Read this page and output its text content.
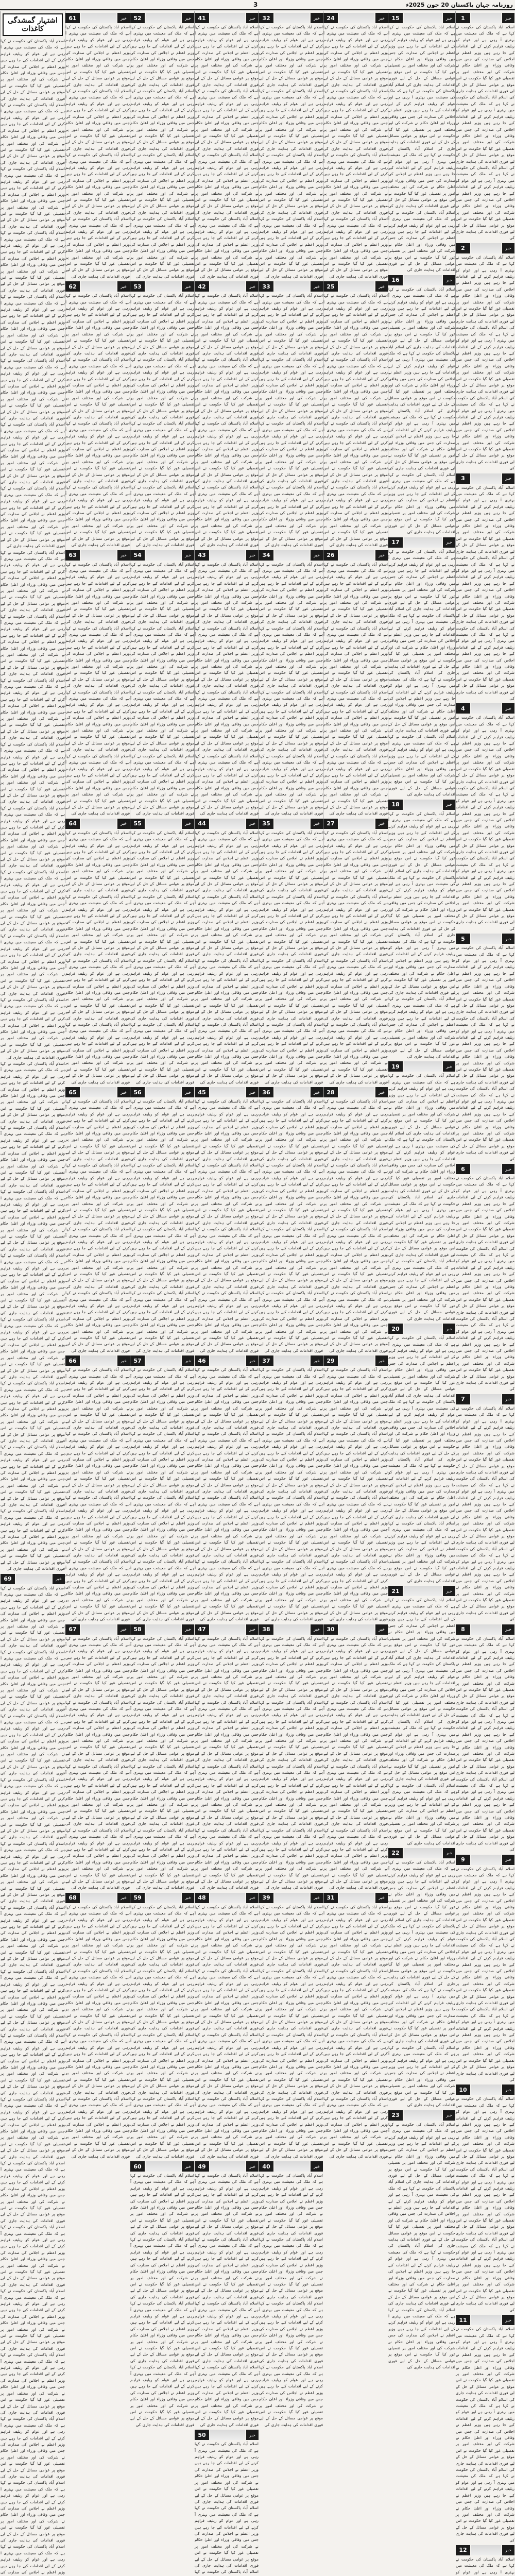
3	روزنامہ جہان پاکستان 20 جون 2025ء
1	خبر

اسلام آباد پاکستان کی حکومت نے کہا ہے کہ ملک کی معیشت میں بہتری آ رہی ہے اور عوام کو ریلیف فراہم کرنے کے لیے اقدامات کیے جا رہے ہیں وزیر اعظم نے اجلاس کی صدارت کی جس میں وفاقی وزراء اور اعلیٰ حکام نے شرکت کی اور مختلف امور پر تفصیلی غور کیا گیا حکومت نے اس موقع پر عوامی مسائل کے حل کے لیے فوری اقدامات کی ہدایت جاری کی اسلام آباد پاکستان کی حکومت نے کہا ہے کہ ملک کی معیشت میں بہتری آ رہی ہے اور عوام کو ریلیف فراہم کرنے کے لیے اقدامات کیے جا رہے ہیں وزیر اعظم نے اجلاس کی صدارت کی جس میں وفاقی وزراء اور اعلیٰ حکام نے شرکت کی اور مختلف امور پر تفصیلی غور کیا گیا حکومت نے اس موقع پر عوامی مسائل کے حل کے لیے فوری اقدامات کی ہدایت جاری کی اسلام آباد پاکستان کی حکومت نے کہا ہے کہ ملک کی معیشت میں بہتری آ رہی ہے اور عوام کو ریلیف فراہم کرنے کے لیے اقدامات کیے جا رہے ہیں وزیر اعظم نے اجلاس کی صدارت کی جس میں وفاقی وزراء اور اعلیٰ حکام نے شرکت کی اور مختلف امور پر تفصیلی غور کیا گیا حکومت نے اس موقع پر عوامی مسائل کے حل کے لیے فوری اقدامات کی ہدایت جاری کی

2	خبر

اسلام آباد پاکستان کی حکومت نے کہا ہے کہ ملک کی معیشت میں بہتری آ رہی ہے اور عوام کو ریلیف فراہم کرنے کے لیے اقدامات کیے جا رہے ہیں وزیر اعظم نے اجلاس کی صدارت کی جس میں وفاقی وزراء اور اعلیٰ حکام نے شرکت کی اور مختلف امور پر تفصیلی غور کیا گیا حکومت نے اس موقع پر عوامی مسائل کے حل کے لیے فوری اقدامات کی ہدایت جاری کی اسلام آباد پاکستان کی حکومت نے کہا ہے کہ ملک کی معیشت میں بہتری آ رہی ہے اور عوام کو ریلیف فراہم کرنے کے لیے اقدامات کیے جا رہے ہیں وزیر اعظم نے اجلاس کی صدارت کی جس میں وفاقی وزراء اور اعلیٰ حکام نے شرکت کی اور مختلف امور پر تفصیلی غور کیا گیا حکومت نے اس موقع پر عوامی مسائل کے حل کے لیے فوری اقدامات کی ہدایت جاری کی اسلام آباد پاکستان کی حکومت نے کہا ہے کہ ملک کی معیشت میں بہتری آ رہی ہے اور عوام کو ریلیف فراہم کرنے کے لیے اقدامات کیے جا رہے ہیں وزیر اعظم نے اجلاس کی صدارت کی جس میں وفاقی وزراء اور اعلیٰ حکام نے شرکت کی اور مختلف امور پر تفصیلی غور کیا گیا حکومت نے اس موقع پر عوامی مسائل کے حل کے لیے فوری اقدامات کی ہدایت جاری کی

3	خبر

اسلام آباد پاکستان کی حکومت نے کہا ہے کہ ملک کی معیشت میں بہتری آ رہی ہے اور عوام کو ریلیف فراہم کرنے کے لیے اقدامات کیے جا رہے ہیں وزیر اعظم نے اجلاس کی صدارت کی جس میں وفاقی وزراء اور اعلیٰ حکام نے شرکت کی اور مختلف امور پر تفصیلی غور کیا گیا حکومت نے اس موقع پر عوامی مسائل کے حل کے لیے فوری اقدامات کی ہدایت جاری کی اسلام آباد پاکستان کی حکومت نے کہا ہے کہ ملک کی معیشت میں بہتری آ رہی ہے اور عوام کو ریلیف فراہم کرنے کے لیے اقدامات کیے جا رہے ہیں وزیر اعظم نے اجلاس کی صدارت کی جس میں وفاقی وزراء اور اعلیٰ حکام نے شرکت کی اور مختلف امور پر تفصیلی غور کیا گیا حکومت نے اس موقع پر عوامی مسائل کے حل کے لیے فوری اقدامات کی ہدایت جاری کی اسلام آباد پاکستان کی حکومت نے کہا ہے کہ ملک کی معیشت میں بہتری آ رہی ہے اور عوام کو ریلیف فراہم کرنے کے لیے اقدامات کیے جا رہے ہیں وزیر اعظم نے اجلاس کی صدارت کی جس میں وفاقی وزراء اور اعلیٰ حکام نے شرکت کی اور مختلف امور پر تفصیلی غور کیا گیا حکومت نے اس موقع پر عوامی مسائل کے حل کے لیے فوری اقدامات کی ہدایت جاری کی

4	خبر

اسلام آباد پاکستان کی حکومت نے کہا ہے کہ ملک کی معیشت میں بہتری آ رہی ہے اور عوام کو ریلیف فراہم کرنے کے لیے اقدامات کیے جا رہے ہیں وزیر اعظم نے اجلاس کی صدارت کی جس میں وفاقی وزراء اور اعلیٰ حکام نے شرکت کی اور مختلف امور پر تفصیلی غور کیا گیا حکومت نے اس موقع پر عوامی مسائل کے حل کے لیے فوری اقدامات کی ہدایت جاری کی اسلام آباد پاکستان کی حکومت نے کہا ہے کہ ملک کی معیشت میں بہتری آ رہی ہے اور عوام کو ریلیف فراہم کرنے کے لیے اقدامات کیے جا رہے ہیں وزیر اعظم نے اجلاس کی صدارت کی جس میں وفاقی وزراء اور اعلیٰ حکام نے شرکت کی اور مختلف امور پر تفصیلی غور کیا گیا حکومت نے اس موقع پر عوامی مسائل کے حل کے لیے فوری اقدامات کی ہدایت جاری کی اسلام آباد پاکستان کی حکومت نے کہا ہے کہ ملک کی معیشت میں بہتری آ رہی ہے اور عوام کو ریلیف فراہم کرنے کے لیے اقدامات کیے جا رہے ہیں وزیر اعظم نے اجلاس کی صدارت کی جس میں وفاقی وزراء اور اعلیٰ حکام نے شرکت کی اور مختلف امور پر تفصیلی غور کیا گیا حکومت نے اس موقع پر عوامی مسائل کے حل کے لیے فوری اقدامات کی ہدایت جاری کی

5	خبر

اسلام آباد پاکستان کی حکومت نے کہا ہے کہ ملک کی معیشت میں بہتری آ رہی ہے اور عوام کو ریلیف فراہم کرنے کے لیے اقدامات کیے جا رہے ہیں وزیر اعظم نے اجلاس کی صدارت کی جس میں وفاقی وزراء اور اعلیٰ حکام نے شرکت کی اور مختلف امور پر تفصیلی غور کیا گیا حکومت نے اس موقع پر عوامی مسائل کے حل کے لیے فوری اقدامات کی ہدایت جاری کی اسلام آباد پاکستان کی حکومت نے کہا ہے کہ ملک کی معیشت میں بہتری آ رہی ہے اور عوام کو ریلیف فراہم کرنے کے لیے اقدامات کیے جا رہے ہیں وزیر اعظم نے اجلاس کی صدارت کی جس میں وفاقی وزراء اور اعلیٰ حکام نے شرکت کی اور مختلف امور پر تفصیلی غور کیا گیا حکومت نے اس موقع پر عوامی مسائل کے حل کے لیے فوری اقدامات کی ہدایت جاری کی اسلام آباد پاکستان کی حکومت نے کہا ہے کہ ملک کی معیشت میں بہتری آ رہی ہے اور عوام کو ریلیف فراہم کرنے کے لیے اقدامات کیے جا رہے ہیں وزیر اعظم نے اجلاس کی صدارت کی جس میں وفاقی وزراء اور اعلیٰ حکام نے شرکت کی اور مختلف امور پر تفصیلی غور کیا گیا حکومت نے اس موقع پر عوامی مسائل کے حل کے لیے فوری اقدامات کی ہدایت جاری کی

6	خبر

اسلام آباد پاکستان کی حکومت نے کہا ہے کہ ملک کی معیشت میں بہتری آ رہی ہے اور عوام کو ریلیف فراہم کرنے کے لیے اقدامات کیے جا رہے ہیں وزیر اعظم نے اجلاس کی صدارت کی جس میں وفاقی وزراء اور اعلیٰ حکام نے شرکت کی اور مختلف امور پر تفصیلی غور کیا گیا حکومت نے اس موقع پر عوامی مسائل کے حل کے لیے فوری اقدامات کی ہدایت جاری کی اسلام آباد پاکستان کی حکومت نے کہا ہے کہ ملک کی معیشت میں بہتری آ رہی ہے اور عوام کو ریلیف فراہم کرنے کے لیے اقدامات کیے جا رہے ہیں وزیر اعظم نے اجلاس کی صدارت کی جس میں وفاقی وزراء اور اعلیٰ حکام نے شرکت کی اور مختلف امور پر تفصیلی غور کیا گیا حکومت نے اس موقع پر عوامی مسائل کے حل کے لیے فوری اقدامات کی ہدایت جاری کی اسلام آباد پاکستان کی حکومت نے کہا ہے کہ ملک کی معیشت میں بہتری آ رہی ہے اور عوام کو ریلیف فراہم کرنے کے لیے اقدامات کیے جا رہے ہیں وزیر اعظم نے اجلاس کی صدارت کی جس میں وفاقی وزراء اور اعلیٰ حکام نے شرکت کی اور مختلف امور پر تفصیلی غور کیا گیا حکومت نے اس موقع پر عوامی مسائل کے حل کے لیے فوری اقدامات کی ہدایت جاری کی

7	خبر

اسلام آباد پاکستان کی حکومت نے کہا ہے کہ ملک کی معیشت میں بہتری آ رہی ہے اور عوام کو ریلیف فراہم کرنے کے لیے اقدامات کیے جا رہے ہیں وزیر اعظم نے اجلاس کی صدارت کی جس میں وفاقی وزراء اور اعلیٰ حکام نے شرکت کی اور مختلف امور پر تفصیلی غور کیا گیا حکومت نے اس موقع پر عوامی مسائل کے حل کے لیے فوری اقدامات کی ہدایت جاری کی اسلام آباد پاکستان کی حکومت نے کہا ہے کہ ملک کی معیشت میں بہتری آ رہی ہے اور عوام کو ریلیف فراہم کرنے کے لیے اقدامات کیے جا رہے ہیں وزیر اعظم نے اجلاس کی صدارت کی جس میں وفاقی وزراء اور اعلیٰ حکام نے شرکت کی اور مختلف امور پر تفصیلی غور کیا گیا حکومت نے اس موقع پر عوامی مسائل کے حل کے لیے فوری اقدامات کی ہدایت جاری کی اسلام آباد پاکستان کی حکومت نے کہا ہے کہ ملک کی معیشت میں بہتری آ رہی ہے اور عوام کو ریلیف فراہم کرنے کے لیے اقدامات کیے جا رہے ہیں وزیر اعظم نے اجلاس کی صدارت کی جس میں وفاقی وزراء اور اعلیٰ حکام نے شرکت کی اور مختلف امور پر تفصیلی غور کیا گیا حکومت نے اس موقع پر عوامی مسائل کے حل کے لیے فوری اقدامات کی ہدایت جاری کی

8	خبر

اسلام آباد پاکستان کی حکومت نے کہا ہے کہ ملک کی معیشت میں بہتری آ رہی ہے اور عوام کو ریلیف فراہم کرنے کے لیے اقدامات کیے جا رہے ہیں وزیر اعظم نے اجلاس کی صدارت کی جس میں وفاقی وزراء اور اعلیٰ حکام نے شرکت کی اور مختلف امور پر تفصیلی غور کیا گیا حکومت نے اس موقع پر عوامی مسائل کے حل کے لیے فوری اقدامات کی ہدایت جاری کی اسلام آباد پاکستان کی حکومت نے کہا ہے کہ ملک کی معیشت میں بہتری آ رہی ہے اور عوام کو ریلیف فراہم کرنے کے لیے اقدامات کیے جا رہے ہیں وزیر اعظم نے اجلاس کی صدارت کی جس میں وفاقی وزراء اور اعلیٰ حکام نے شرکت کی اور مختلف امور پر تفصیلی غور کیا گیا حکومت نے اس موقع پر عوامی مسائل کے حل کے لیے فوری اقدامات کی ہدایت جاری کی اسلام آباد پاکستان کی حکومت نے کہا ہے کہ ملک کی معیشت میں بہتری آ رہی ہے اور عوام کو ریلیف فراہم کرنے کے لیے اقدامات کیے جا رہے ہیں وزیر اعظم نے اجلاس کی صدارت کی جس میں وفاقی وزراء اور اعلیٰ حکام نے شرکت کی اور مختلف امور پر تفصیلی غور کیا گیا حکومت نے اس موقع پر عوامی مسائل کے حل کے لیے فوری اقدامات کی ہدایت جاری کی

9	خبر

اسلام آباد پاکستان کی حکومت نے کہا ہے کہ ملک کی معیشت میں بہتری آ رہی ہے اور عوام کو ریلیف فراہم کرنے کے لیے اقدامات کیے جا رہے ہیں وزیر اعظم نے اجلاس کی صدارت کی جس میں وفاقی وزراء اور اعلیٰ حکام نے شرکت کی اور مختلف امور پر تفصیلی غور کیا گیا حکومت نے اس موقع پر عوامی مسائل کے حل کے لیے فوری اقدامات کی ہدایت جاری کی اسلام آباد پاکستان کی حکومت نے کہا ہے کہ ملک کی معیشت میں بہتری آ رہی ہے اور عوام کو ریلیف فراہم کرنے کے لیے اقدامات کیے جا رہے ہیں وزیر اعظم نے اجلاس کی صدارت کی جس میں وفاقی وزراء اور اعلیٰ حکام نے شرکت کی اور مختلف امور پر تفصیلی غور کیا گیا حکومت نے اس موقع پر عوامی مسائل کے حل کے لیے فوری اقدامات کی ہدایت جاری کی اسلام آباد پاکستان کی حکومت نے کہا ہے کہ ملک کی معیشت میں بہتری آ رہی ہے اور عوام کو ریلیف فراہم کرنے کے لیے اقدامات کیے جا رہے ہیں وزیر اعظم نے اجلاس کی صدارت کی جس میں وفاقی وزراء اور اعلیٰ حکام نے شرکت کی اور مختلف امور پر تفصیلی غور کیا گیا حکومت نے اس موقع پر عوامی مسائل کے حل کے لیے فوری اقدامات کی ہدایت جاری کی

10	خبر

اسلام آباد پاکستان کی حکومت نے کہا ہے کہ ملک کی معیشت میں بہتری آ رہی ہے اور عوام کو ریلیف فراہم کرنے کے لیے اقدامات کیے جا رہے ہیں وزیر اعظم نے اجلاس کی صدارت کی جس میں وفاقی وزراء اور اعلیٰ حکام نے شرکت کی اور مختلف امور پر تفصیلی غور کیا گیا حکومت نے اس موقع پر عوامی مسائل کے حل کے لیے فوری اقدامات کی ہدایت جاری کی اسلام آباد پاکستان کی حکومت نے کہا ہے کہ ملک کی معیشت میں بہتری آ رہی ہے اور عوام کو ریلیف فراہم کرنے کے لیے اقدامات کیے جا رہے ہیں وزیر اعظم نے اجلاس کی صدارت کی جس میں وفاقی وزراء اور اعلیٰ حکام نے شرکت کی اور مختلف امور پر تفصیلی غور کیا گیا حکومت نے اس موقع پر عوامی مسائل کے حل کے لیے فوری اقدامات کی ہدایت جاری کی اسلام آباد پاکستان کی حکومت نے کہا ہے کہ ملک کی معیشت میں بہتری آ رہی ہے اور عوام کو ریلیف فراہم کرنے کے لیے اقدامات کیے جا رہے ہیں وزیر اعظم نے اجلاس کی صدارت کی جس میں وفاقی وزراء اور اعلیٰ حکام نے شرکت کی اور مختلف امور پر تفصیلی غور کیا گیا حکومت نے اس موقع پر عوامی مسائل کے حل کے لیے فوری اقدامات کی ہدایت جاری کی

11	خبر

اسلام آباد پاکستان کی حکومت نے کہا ہے کہ ملک کی معیشت میں بہتری آ رہی ہے اور عوام کو ریلیف فراہم کرنے کے لیے اقدامات کیے جا رہے ہیں وزیر اعظم نے اجلاس کی صدارت کی جس میں وفاقی وزراء اور اعلیٰ حکام نے شرکت کی اور مختلف امور پر تفصیلی غور کیا گیا حکومت نے اس موقع پر عوامی مسائل کے حل کے لیے فوری اقدامات کی ہدایت جاری کی اسلام آباد پاکستان کی حکومت نے کہا ہے کہ ملک کی معیشت میں بہتری آ رہی ہے اور عوام کو ریلیف فراہم کرنے کے لیے اقدامات کیے جا رہے ہیں وزیر اعظم نے اجلاس کی صدارت کی جس میں وفاقی وزراء اور اعلیٰ حکام نے شرکت کی اور مختلف امور پر تفصیلی غور کیا گیا حکومت نے اس موقع پر عوامی مسائل کے حل کے لیے فوری اقدامات کی ہدایت جاری کی اسلام آباد پاکستان کی حکومت نے کہا ہے کہ ملک کی معیشت میں بہتری آ رہی ہے اور عوام کو ریلیف فراہم کرنے کے لیے اقدامات کیے جا رہے ہیں وزیر اعظم نے اجلاس کی صدارت کی جس میں وفاقی وزراء اور اعلیٰ حکام نے شرکت کی اور مختلف امور پر تفصیلی غور کیا گیا حکومت نے اس موقع پر عوامی مسائل کے حل کے لیے فوری اقدامات کی ہدایت جاری کی

12	خبر

اسلام آباد پاکستان کی حکومت نے کہا ہے کہ ملک کی معیشت میں بہتری آ رہی ہے اور عوام کو

15	خبر

اسلام آباد پاکستان کی حکومت نے کہا ہے کہ ملک کی معیشت میں بہتری آ رہی ہے اور عوام کو ریلیف فراہم کرنے کے لیے اقدامات کیے جا رہے ہیں وزیر اعظم نے اجلاس کی صدارت کی جس میں وفاقی وزراء اور اعلیٰ حکام نے شرکت کی اور مختلف امور پر تفصیلی غور کیا گیا حکومت نے اس موقع پر عوامی مسائل کے حل کے لیے فوری اقدامات کی ہدایت جاری کی اسلام آباد پاکستان کی حکومت نے کہا ہے کہ ملک کی معیشت میں بہتری آ رہی ہے اور عوام کو ریلیف فراہم کرنے کے لیے اقدامات کیے جا رہے ہیں وزیر اعظم نے اجلاس کی صدارت کی جس میں وفاقی وزراء اور اعلیٰ حکام نے شرکت کی اور مختلف امور پر تفصیلی غور کیا گیا حکومت نے اس موقع پر عوامی مسائل کے حل کے لیے فوری اقدامات کی ہدایت جاری کی اسلام آباد پاکستان کی حکومت نے کہا ہے کہ ملک کی معیشت میں بہتری آ رہی ہے اور عوام کو ریلیف فراہم کرنے کے لیے اقدامات کیے جا رہے ہیں وزیر اعظم نے اجلاس کی صدارت کی جس میں وفاقی وزراء اور اعلیٰ حکام نے شرکت کی اور مختلف امور پر تفصیلی غور کیا گیا حکومت نے اس موقع پر عوامی مسائل کے حل کے لیے فوری اقدامات کی ہدایت جاری کی اسلام آباد پاکستان کی حکومت نے کہا ہے کہ ملک کی معیشت میں بہتری آ رہی ہے اور عوام کو ریلیف فراہم کرنے کے لیے اقدامات کیے جا رہے ہیں وزیر اعظم نے اجلاس کی صدارت کی جس میں وفاقی وزراء اور اعلیٰ حکام نے شرکت کی اور مختلف امور پر تفصیلی غور کیا گیا حکومت نے اس موقع پر عوامی مسائل کے حل کے لیے فوری اقدامات کی ہدایت جاری کی

16	خبر

اسلام آباد پاکستان کی حکومت نے کہا ہے کہ ملک کی معیشت میں بہتری آ رہی ہے اور عوام کو ریلیف فراہم کرنے کے لیے اقدامات کیے جا رہے ہیں وزیر اعظم نے اجلاس کی صدارت کی جس میں وفاقی وزراء اور اعلیٰ حکام نے شرکت کی اور مختلف امور پر تفصیلی غور کیا گیا حکومت نے اس موقع پر عوامی مسائل کے حل کے لیے فوری اقدامات کی ہدایت جاری کی اسلام آباد پاکستان کی حکومت نے کہا ہے کہ ملک کی معیشت میں بہتری آ رہی ہے اور عوام کو ریلیف فراہم کرنے کے لیے اقدامات کیے جا رہے ہیں وزیر اعظم نے اجلاس کی صدارت کی جس میں وفاقی وزراء اور اعلیٰ حکام نے شرکت کی اور مختلف امور پر تفصیلی غور کیا گیا حکومت نے اس موقع پر عوامی مسائل کے حل کے لیے فوری اقدامات کی ہدایت جاری کی اسلام آباد پاکستان کی حکومت نے کہا ہے کہ ملک کی معیشت میں بہتری آ رہی ہے اور عوام کو ریلیف فراہم کرنے کے لیے اقدامات کیے جا رہے ہیں وزیر اعظم نے اجلاس کی صدارت کی جس میں وفاقی وزراء اور اعلیٰ حکام نے شرکت کی اور مختلف امور پر تفصیلی غور کیا گیا حکومت نے اس موقع پر عوامی مسائل کے حل کے لیے فوری اقدامات کی ہدایت جاری کی اسلام آباد پاکستان کی حکومت نے کہا ہے کہ ملک کی معیشت میں بہتری آ رہی ہے اور عوام کو ریلیف فراہم کرنے کے لیے اقدامات کیے جا رہے ہیں وزیر اعظم نے اجلاس کی صدارت کی جس میں وفاقی وزراء اور اعلیٰ حکام نے شرکت کی اور مختلف امور پر تفصیلی غور کیا گیا حکومت نے اس موقع پر عوامی مسائل کے حل کے لیے فوری اقدامات کی ہدایت جاری کی

17	خبر

اسلام آباد پاکستان کی حکومت نے کہا ہے کہ ملک کی معیشت میں بہتری آ رہی ہے اور عوام کو ریلیف فراہم کرنے کے لیے اقدامات کیے جا رہے ہیں وزیر اعظم نے اجلاس کی صدارت کی جس میں وفاقی وزراء اور اعلیٰ حکام نے شرکت کی اور مختلف امور پر تفصیلی غور کیا گیا حکومت نے اس موقع پر عوامی مسائل کے حل کے لیے فوری اقدامات کی ہدایت جاری کی اسلام آباد پاکستان کی حکومت نے کہا ہے کہ ملک کی معیشت میں بہتری آ رہی ہے اور عوام کو ریلیف فراہم کرنے کے لیے اقدامات کیے جا رہے ہیں وزیر اعظم نے اجلاس کی صدارت کی جس میں وفاقی وزراء اور اعلیٰ حکام نے شرکت کی اور مختلف امور پر تفصیلی غور کیا گیا حکومت نے اس موقع پر عوامی مسائل کے حل کے لیے فوری اقدامات کی ہدایت جاری کی اسلام آباد پاکستان کی حکومت نے کہا ہے کہ ملک کی معیشت میں بہتری آ رہی ہے اور عوام کو ریلیف فراہم کرنے کے لیے اقدامات کیے جا رہے ہیں وزیر اعظم نے اجلاس کی صدارت کی جس میں وفاقی وزراء اور اعلیٰ حکام نے شرکت کی اور مختلف امور پر تفصیلی غور کیا گیا حکومت نے اس موقع پر عوامی مسائل کے حل کے لیے فوری اقدامات کی ہدایت جاری کی اسلام آباد پاکستان کی حکومت نے کہا ہے کہ ملک کی معیشت میں بہتری آ رہی ہے اور عوام کو ریلیف فراہم کرنے کے لیے اقدامات کیے جا رہے ہیں وزیر اعظم نے اجلاس کی صدارت کی جس میں وفاقی وزراء اور اعلیٰ حکام نے شرکت کی اور مختلف امور پر تفصیلی غور کیا گیا حکومت نے اس موقع پر عوامی مسائل کے حل کے لیے فوری اقدامات کی ہدایت جاری کی

18	خبر

اسلام آباد پاکستان کی حکومت نے کہا ہے کہ ملک کی معیشت میں بہتری آ رہی ہے اور عوام کو ریلیف فراہم کرنے کے لیے اقدامات کیے جا رہے ہیں وزیر اعظم نے اجلاس کی صدارت کی جس میں وفاقی وزراء اور اعلیٰ حکام نے شرکت کی اور مختلف امور پر تفصیلی غور کیا گیا حکومت نے اس موقع پر عوامی مسائل کے حل کے لیے فوری اقدامات کی ہدایت جاری کی اسلام آباد پاکستان کی حکومت نے کہا ہے کہ ملک کی معیشت میں بہتری آ رہی ہے اور عوام کو ریلیف فراہم کرنے کے لیے اقدامات کیے جا رہے ہیں وزیر اعظم نے اجلاس کی صدارت کی جس میں وفاقی وزراء اور اعلیٰ حکام نے شرکت کی اور مختلف امور پر تفصیلی غور کیا گیا حکومت نے اس موقع پر عوامی مسائل کے حل کے لیے فوری اقدامات کی ہدایت جاری کی اسلام آباد پاکستان کی حکومت نے کہا ہے کہ ملک کی معیشت میں بہتری آ رہی ہے اور عوام کو ریلیف فراہم کرنے کے لیے اقدامات کیے جا رہے ہیں وزیر اعظم نے اجلاس کی صدارت کی جس میں وفاقی وزراء اور اعلیٰ حکام نے شرکت کی اور مختلف امور پر تفصیلی غور کیا گیا حکومت نے اس موقع پر عوامی مسائل کے حل کے لیے فوری اقدامات کی ہدایت جاری کی اسلام آباد پاکستان کی حکومت نے کہا ہے کہ ملک کی معیشت میں بہتری آ رہی ہے اور عوام کو ریلیف فراہم کرنے کے لیے اقدامات کیے جا رہے ہیں وزیر اعظم نے اجلاس کی صدارت کی جس میں وفاقی وزراء اور اعلیٰ حکام نے شرکت کی اور مختلف امور پر تفصیلی غور کیا گیا حکومت نے اس موقع پر عوامی مسائل کے حل کے لیے فوری اقدامات کی ہدایت جاری کی

19	خبر

اسلام آباد پاکستان کی حکومت نے کہا ہے کہ ملک کی معیشت میں بہتری آ رہی ہے اور عوام کو ریلیف فراہم کرنے کے لیے اقدامات کیے جا رہے ہیں وزیر اعظم نے اجلاس کی صدارت کی جس میں وفاقی وزراء اور اعلیٰ حکام نے شرکت کی اور مختلف امور پر تفصیلی غور کیا گیا حکومت نے اس موقع پر عوامی مسائل کے حل کے لیے فوری اقدامات کی ہدایت جاری کی اسلام آباد پاکستان کی حکومت نے کہا ہے کہ ملک کی معیشت میں بہتری آ رہی ہے اور عوام کو ریلیف فراہم کرنے کے لیے اقدامات کیے جا رہے ہیں وزیر اعظم نے اجلاس کی صدارت کی جس میں وفاقی وزراء اور اعلیٰ حکام نے شرکت کی اور مختلف امور پر تفصیلی غور کیا گیا حکومت نے اس موقع پر عوامی مسائل کے حل کے لیے فوری اقدامات کی ہدایت جاری کی اسلام آباد پاکستان کی حکومت نے کہا ہے کہ ملک کی معیشت میں بہتری آ رہی ہے اور عوام کو ریلیف فراہم کرنے کے لیے اقدامات کیے جا رہے ہیں وزیر اعظم نے اجلاس کی صدارت کی جس میں وفاقی وزراء اور اعلیٰ حکام نے شرکت کی اور مختلف امور پر تفصیلی غور کیا گیا حکومت نے اس موقع پر عوامی مسائل کے حل کے لیے فوری اقدامات کی ہدایت جاری کی اسلام آباد پاکستان کی حکومت نے کہا ہے کہ ملک کی معیشت میں بہتری آ رہی ہے اور عوام کو ریلیف فراہم کرنے کے لیے اقدامات کیے جا رہے ہیں وزیر اعظم نے اجلاس کی صدارت کی جس میں وفاقی وزراء اور اعلیٰ حکام نے شرکت کی اور مختلف امور پر تفصیلی غور کیا گیا حکومت نے اس موقع پر عوامی مسائل کے حل کے لیے فوری اقدامات کی ہدایت جاری کی

20	خبر

اسلام آباد پاکستان کی حکومت نے کہا ہے کہ ملک کی معیشت میں بہتری آ رہی ہے اور عوام کو ریلیف فراہم کرنے کے لیے اقدامات کیے جا رہے ہیں وزیر اعظم نے اجلاس کی صدارت کی جس میں وفاقی وزراء اور اعلیٰ حکام نے شرکت کی اور مختلف امور پر تفصیلی غور کیا گیا حکومت نے اس موقع پر عوامی مسائل کے حل کے لیے فوری اقدامات کی ہدایت جاری کی اسلام آباد پاکستان کی حکومت نے کہا ہے کہ ملک کی معیشت میں بہتری آ رہی ہے اور عوام کو ریلیف فراہم کرنے کے لیے اقدامات کیے جا رہے ہیں وزیر اعظم نے اجلاس کی صدارت کی جس میں وفاقی وزراء اور اعلیٰ حکام نے شرکت کی اور مختلف امور پر تفصیلی غور کیا گیا حکومت نے اس موقع پر عوامی مسائل کے حل کے لیے فوری اقدامات کی ہدایت جاری کی اسلام آباد پاکستان کی حکومت نے کہا ہے کہ ملک کی معیشت میں بہتری آ رہی ہے اور عوام کو ریلیف فراہم کرنے کے لیے اقدامات کیے جا رہے ہیں وزیر اعظم نے اجلاس کی صدارت کی جس میں وفاقی وزراء اور اعلیٰ حکام نے شرکت کی اور مختلف امور پر تفصیلی غور کیا گیا حکومت نے اس موقع پر عوامی مسائل کے حل کے لیے فوری اقدامات کی ہدایت جاری کی اسلام آباد پاکستان کی حکومت نے کہا ہے کہ ملک کی معیشت میں بہتری آ رہی ہے اور عوام کو ریلیف فراہم کرنے کے لیے اقدامات کیے جا رہے ہیں وزیر اعظم نے اجلاس کی صدارت کی جس میں وفاقی وزراء اور اعلیٰ حکام نے شرکت کی اور مختلف امور پر تفصیلی غور کیا گیا حکومت نے اس موقع پر عوامی مسائل کے حل کے لیے فوری اقدامات کی ہدایت جاری کی

21	خبر

اسلام آباد پاکستان کی حکومت نے کہا ہے کہ ملک کی معیشت میں بہتری آ رہی ہے اور عوام کو ریلیف فراہم کرنے کے لیے اقدامات کیے جا رہے ہیں وزیر اعظم نے اجلاس کی صدارت کی جس میں وفاقی وزراء اور اعلیٰ حکام نے شرکت کی اور مختلف امور پر تفصیلی غور کیا گیا حکومت نے اس موقع پر عوامی مسائل کے حل کے لیے فوری اقدامات کی ہدایت جاری کی اسلام آباد پاکستان کی حکومت نے کہا ہے کہ ملک کی معیشت میں بہتری آ رہی ہے اور عوام کو ریلیف فراہم کرنے کے لیے اقدامات کیے جا رہے ہیں وزیر اعظم نے اجلاس کی صدارت کی جس میں وفاقی وزراء اور اعلیٰ حکام نے شرکت کی اور مختلف امور پر تفصیلی غور کیا گیا حکومت نے اس موقع پر عوامی مسائل کے حل کے لیے فوری اقدامات کی ہدایت جاری کی اسلام آباد پاکستان کی حکومت نے کہا ہے کہ ملک کی معیشت میں بہتری آ رہی ہے اور عوام کو ریلیف فراہم کرنے کے لیے اقدامات کیے جا رہے ہیں وزیر اعظم نے اجلاس کی صدارت کی جس میں وفاقی وزراء اور اعلیٰ حکام نے شرکت کی اور مختلف امور پر تفصیلی غور کیا گیا حکومت نے اس موقع پر عوامی مسائل کے حل کے لیے فوری اقدامات کی ہدایت جاری کی اسلام آباد پاکستان کی حکومت نے کہا ہے کہ ملک کی معیشت میں بہتری آ رہی ہے اور عوام کو ریلیف فراہم کرنے کے لیے اقدامات کیے جا رہے ہیں وزیر اعظم نے اجلاس کی صدارت کی جس میں وفاقی وزراء اور اعلیٰ حکام نے شرکت کی اور مختلف امور پر تفصیلی غور کیا گیا حکومت نے اس موقع پر عوامی مسائل کے حل کے لیے فوری اقدامات کی ہدایت جاری کی

22	خبر

اسلام آباد پاکستان کی حکومت نے کہا ہے کہ ملک کی معیشت میں بہتری آ رہی ہے اور عوام کو ریلیف فراہم کرنے کے لیے اقدامات کیے جا رہے ہیں وزیر اعظم نے اجلاس کی صدارت کی جس میں وفاقی وزراء اور اعلیٰ حکام نے شرکت کی اور مختلف امور پر تفصیلی غور کیا گیا حکومت نے اس موقع پر عوامی مسائل کے حل کے لیے فوری اقدامات کی ہدایت جاری کی اسلام آباد پاکستان کی حکومت نے کہا ہے کہ ملک کی معیشت میں بہتری آ رہی ہے اور عوام کو ریلیف فراہم کرنے کے لیے اقدامات کیے جا رہے ہیں وزیر اعظم نے اجلاس کی صدارت کی جس میں وفاقی وزراء اور اعلیٰ حکام نے شرکت کی اور مختلف امور پر تفصیلی غور کیا گیا حکومت نے اس موقع پر عوامی مسائل کے حل کے لیے فوری اقدامات کی ہدایت جاری کی اسلام آباد پاکستان کی حکومت نے کہا ہے کہ ملک کی معیشت میں بہتری آ رہی ہے اور عوام کو ریلیف فراہم کرنے کے لیے اقدامات کیے جا رہے ہیں وزیر اعظم نے اجلاس کی صدارت کی جس میں وفاقی وزراء اور اعلیٰ حکام نے شرکت کی اور مختلف امور پر تفصیلی غور کیا گیا حکومت نے اس موقع پر عوامی مسائل کے حل کے لیے فوری اقدامات کی ہدایت جاری کی اسلام آباد پاکستان کی حکومت نے کہا ہے کہ ملک کی معیشت میں بہتری آ رہی ہے اور عوام کو ریلیف فراہم کرنے کے لیے اقدامات کیے جا رہے ہیں وزیر اعظم نے اجلاس کی صدارت کی جس میں وفاقی وزراء اور اعلیٰ حکام نے شرکت کی اور مختلف امور پر تفصیلی غور کیا گیا حکومت نے اس موقع پر عوامی مسائل کے حل کے لیے فوری اقدامات کی ہدایت جاری کی

23	خبر

اسلام آباد پاکستان کی حکومت نے کہا ہے کہ ملک کی معیشت میں بہتری آ رہی ہے اور عوام کو ریلیف فراہم کرنے کے لیے اقدامات کیے جا رہے ہیں وزیر اعظم نے اجلاس کی صدارت کی جس میں وفاقی وزراء اور اعلیٰ حکام نے شرکت کی اور مختلف امور پر تفصیلی غور کیا گیا حکومت نے اس موقع پر عوامی مسائل کے حل کے لیے فوری اقدامات کی ہدایت جاری کی اسلام آباد پاکستان کی حکومت نے کہا ہے کہ ملک کی معیشت میں بہتری آ رہی ہے اور عوام کو ریلیف فراہم کرنے کے لیے اقدامات کیے جا رہے ہیں وزیر اعظم نے اجلاس کی صدارت کی جس میں وفاقی وزراء اور اعلیٰ حکام نے شرکت کی اور مختلف امور پر تفصیلی غور کیا گیا حکومت نے اس موقع پر عوامی مسائل کے حل کے لیے فوری اقدامات کی ہدایت جاری کی اسلام آباد پاکستان کی حکومت نے کہا ہے کہ ملک کی معیشت میں بہتری آ رہی ہے اور عوام کو ریلیف فراہم کرنے کے لیے اقدامات کیے جا رہے ہیں وزیر اعظم نے اجلاس کی صدارت کی جس میں وفاقی وزراء اور اعلیٰ حکام نے شرکت کی اور مختلف امور پر تفصیلی غور کیا گیا حکومت نے اس موقع پر عوامی مسائل کے حل کے لیے فوری اقدامات کی ہدایت جاری کی اسلام آباد پاکستان کی حکومت نے کہا ہے کہ ملک کی معیشت میں بہتری آ رہی ہے اور عوام کو ریلیف فراہم کرنے کے لیے اقدامات کیے جا رہے ہیں وزیر اعظم نے اجلاس کی صدارت کی جس میں وفاقی وزراء اور اعلیٰ حکام نے شرکت کی اور مختلف امور پر تفصیلی غور کیا گیا حکومت نے اس موقع پر عوامی مسائل کے حل کے لیے فوری اقدامات کی ہدایت جاری کی

24	خبر

اسلام آباد پاکستان کی حکومت نے کہا ہے کہ ملک کی معیشت میں بہتری آ رہی ہے اور عوام کو ریلیف فراہم کرنے کے لیے اقدامات کیے جا رہے ہیں وزیر اعظم نے اجلاس کی صدارت کی جس میں وفاقی وزراء اور اعلیٰ حکام نے شرکت کی اور مختلف امور پر تفصیلی غور کیا گیا حکومت نے اس موقع پر عوامی مسائل کے حل کے لیے فوری اقدامات کی ہدایت جاری کی اسلام آباد پاکستان کی حکومت نے کہا ہے کہ ملک کی معیشت میں بہتری آ رہی ہے اور عوام کو ریلیف فراہم کرنے کے لیے اقدامات کیے جا رہے ہیں وزیر اعظم نے اجلاس کی صدارت کی جس میں وفاقی وزراء اور اعلیٰ حکام نے شرکت کی اور مختلف امور پر تفصیلی غور کیا گیا حکومت نے اس موقع پر عوامی مسائل کے حل کے لیے فوری اقدامات کی ہدایت جاری کی اسلام آباد پاکستان کی حکومت نے کہا ہے کہ ملک کی معیشت میں بہتری آ رہی ہے اور عوام کو ریلیف فراہم کرنے کے لیے اقدامات کیے جا رہے ہیں وزیر اعظم نے اجلاس کی صدارت کی جس میں وفاقی وزراء اور اعلیٰ حکام نے شرکت کی اور مختلف امور پر تفصیلی غور کیا گیا حکومت نے اس موقع پر عوامی مسائل کے حل کے لیے فوری اقدامات کی ہدایت جاری کی اسلام آباد پاکستان کی حکومت نے کہا ہے کہ ملک کی معیشت میں بہتری آ رہی ہے اور عوام کو ریلیف فراہم کرنے کے لیے اقدامات کیے جا رہے ہیں وزیر اعظم نے اجلاس کی صدارت کی جس میں وفاقی وزراء اور اعلیٰ حکام نے شرکت کی اور مختلف امور پر تفصیلی غور کیا گیا حکومت نے اس موقع پر عوامی مسائل کے حل کے لیے فوری اقدامات کی ہدایت جاری کی

25	خبر

اسلام آباد پاکستان کی حکومت نے کہا ہے کہ ملک کی معیشت میں بہتری آ رہی ہے اور عوام کو ریلیف فراہم کرنے کے لیے اقدامات کیے جا رہے ہیں وزیر اعظم نے اجلاس کی صدارت کی جس میں وفاقی وزراء اور اعلیٰ حکام نے شرکت کی اور مختلف امور پر تفصیلی غور کیا گیا حکومت نے اس موقع پر عوامی مسائل کے حل کے لیے فوری اقدامات کی ہدایت جاری کی اسلام آباد پاکستان کی حکومت نے کہا ہے کہ ملک کی معیشت میں بہتری آ رہی ہے اور عوام کو ریلیف فراہم کرنے کے لیے اقدامات کیے جا رہے ہیں وزیر اعظم نے اجلاس کی صدارت کی جس میں وفاقی وزراء اور اعلیٰ حکام نے شرکت کی اور مختلف امور پر تفصیلی غور کیا گیا حکومت نے اس موقع پر عوامی مسائل کے حل کے لیے فوری اقدامات کی ہدایت جاری کی اسلام آباد پاکستان کی حکومت نے کہا ہے کہ ملک کی معیشت میں بہتری آ رہی ہے اور عوام کو ریلیف فراہم کرنے کے لیے اقدامات کیے جا رہے ہیں وزیر اعظم نے اجلاس کی صدارت کی جس میں وفاقی وزراء اور اعلیٰ حکام نے شرکت کی اور مختلف امور پر تفصیلی غور کیا گیا حکومت نے اس موقع پر عوامی مسائل کے حل کے لیے فوری اقدامات کی ہدایت جاری کی اسلام آباد پاکستان کی حکومت نے کہا ہے کہ ملک کی معیشت میں بہتری آ رہی ہے اور عوام کو ریلیف فراہم کرنے کے لیے اقدامات کیے جا رہے ہیں وزیر اعظم نے اجلاس کی صدارت کی جس میں وفاقی وزراء اور اعلیٰ حکام نے شرکت کی اور مختلف امور پر تفصیلی غور کیا گیا حکومت نے اس موقع پر عوامی مسائل کے حل کے لیے فوری اقدامات کی ہدایت جاری کی

26	خبر

اسلام آباد پاکستان کی حکومت نے کہا ہے کہ ملک کی معیشت میں بہتری آ رہی ہے اور عوام کو ریلیف فراہم کرنے کے لیے اقدامات کیے جا رہے ہیں وزیر اعظم نے اجلاس کی صدارت کی جس میں وفاقی وزراء اور اعلیٰ حکام نے شرکت کی اور مختلف امور پر تفصیلی غور کیا گیا حکومت نے اس موقع پر عوامی مسائل کے حل کے لیے فوری اقدامات کی ہدایت جاری کی اسلام آباد پاکستان کی حکومت نے کہا ہے کہ ملک کی معیشت میں بہتری آ رہی ہے اور عوام کو ریلیف فراہم کرنے کے لیے اقدامات کیے جا رہے ہیں وزیر اعظم نے اجلاس کی صدارت کی جس میں وفاقی وزراء اور اعلیٰ حکام نے شرکت کی اور مختلف امور پر تفصیلی غور کیا گیا حکومت نے اس موقع پر عوامی مسائل کے حل کے لیے فوری اقدامات کی ہدایت جاری کی اسلام آباد پاکستان کی حکومت نے کہا ہے کہ ملک کی معیشت میں بہتری آ رہی ہے اور عوام کو ریلیف فراہم کرنے کے لیے اقدامات کیے جا رہے ہیں وزیر اعظم نے اجلاس کی صدارت کی جس میں وفاقی وزراء اور اعلیٰ حکام نے شرکت کی اور مختلف امور پر تفصیلی غور کیا گیا حکومت نے اس موقع پر عوامی مسائل کے حل کے لیے فوری اقدامات کی ہدایت جاری کی اسلام آباد پاکستان کی حکومت نے کہا ہے کہ ملک کی معیشت میں بہتری آ رہی ہے اور عوام کو ریلیف فراہم کرنے کے لیے اقدامات کیے جا رہے ہیں وزیر اعظم نے اجلاس کی صدارت کی جس میں وفاقی وزراء اور اعلیٰ حکام نے شرکت کی اور مختلف امور پر تفصیلی غور کیا گیا حکومت نے اس موقع پر عوامی مسائل کے حل کے لیے فوری اقدامات کی ہدایت جاری کی

27	خبر

اسلام آباد پاکستان کی حکومت نے کہا ہے کہ ملک کی معیشت میں بہتری آ رہی ہے اور عوام کو ریلیف فراہم کرنے کے لیے اقدامات کیے جا رہے ہیں وزیر اعظم نے اجلاس کی صدارت کی جس میں وفاقی وزراء اور اعلیٰ حکام نے شرکت کی اور مختلف امور پر تفصیلی غور کیا گیا حکومت نے اس موقع پر عوامی مسائل کے حل کے لیے فوری اقدامات کی ہدایت جاری کی اسلام آباد پاکستان کی حکومت نے کہا ہے کہ ملک کی معیشت میں بہتری آ رہی ہے اور عوام کو ریلیف فراہم کرنے کے لیے اقدامات کیے جا رہے ہیں وزیر اعظم نے اجلاس کی صدارت کی جس میں وفاقی وزراء اور اعلیٰ حکام نے شرکت کی اور مختلف امور پر تفصیلی غور کیا گیا حکومت نے اس موقع پر عوامی مسائل کے حل کے لیے فوری اقدامات کی ہدایت جاری کی اسلام آباد پاکستان کی حکومت نے کہا ہے کہ ملک کی معیشت میں بہتری آ رہی ہے اور عوام کو ریلیف فراہم کرنے کے لیے اقدامات کیے جا رہے ہیں وزیر اعظم نے اجلاس کی صدارت کی جس میں وفاقی وزراء اور اعلیٰ حکام نے شرکت کی اور مختلف امور پر تفصیلی غور کیا گیا حکومت نے اس موقع پر عوامی مسائل کے حل کے لیے فوری اقدامات کی ہدایت جاری کی اسلام آباد پاکستان کی حکومت نے کہا ہے کہ ملک کی معیشت میں بہتری آ رہی ہے اور عوام کو ریلیف فراہم کرنے کے لیے اقدامات کیے جا رہے ہیں وزیر اعظم نے اجلاس کی صدارت کی جس میں وفاقی وزراء اور اعلیٰ حکام نے شرکت کی اور مختلف امور پر تفصیلی غور کیا گیا حکومت نے اس موقع پر عوامی مسائل کے حل کے لیے فوری اقدامات کی ہدایت جاری کی

28	خبر

اسلام آباد پاکستان کی حکومت نے کہا ہے کہ ملک کی معیشت میں بہتری آ رہی ہے اور عوام کو ریلیف فراہم کرنے کے لیے اقدامات کیے جا رہے ہیں وزیر اعظم نے اجلاس کی صدارت کی جس میں وفاقی وزراء اور اعلیٰ حکام نے شرکت کی اور مختلف امور پر تفصیلی غور کیا گیا حکومت نے اس موقع پر عوامی مسائل کے حل کے لیے فوری اقدامات کی ہدایت جاری کی اسلام آباد پاکستان کی حکومت نے کہا ہے کہ ملک کی معیشت میں بہتری آ رہی ہے اور عوام کو ریلیف فراہم کرنے کے لیے اقدامات کیے جا رہے ہیں وزیر اعظم نے اجلاس کی صدارت کی جس میں وفاقی وزراء اور اعلیٰ حکام نے شرکت کی اور مختلف امور پر تفصیلی غور کیا گیا حکومت نے اس موقع پر عوامی مسائل کے حل کے لیے فوری اقدامات کی ہدایت جاری کی اسلام آباد پاکستان کی حکومت نے کہا ہے کہ ملک کی معیشت میں بہتری آ رہی ہے اور عوام کو ریلیف فراہم کرنے کے لیے اقدامات کیے جا رہے ہیں وزیر اعظم نے اجلاس کی صدارت کی جس میں وفاقی وزراء اور اعلیٰ حکام نے شرکت کی اور مختلف امور پر تفصیلی غور کیا گیا حکومت نے اس موقع پر عوامی مسائل کے حل کے لیے فوری اقدامات کی ہدایت جاری کی اسلام آباد پاکستان کی حکومت نے کہا ہے کہ ملک کی معیشت میں بہتری آ رہی ہے اور عوام کو ریلیف فراہم کرنے کے لیے اقدامات کیے جا رہے ہیں وزیر اعظم نے اجلاس کی صدارت کی جس میں وفاقی وزراء اور اعلیٰ حکام نے شرکت کی اور مختلف امور پر تفصیلی غور کیا گیا حکومت نے اس موقع پر عوامی مسائل کے حل کے لیے فوری اقدامات کی ہدایت جاری کی

29	خبر

اسلام آباد پاکستان کی حکومت نے کہا ہے کہ ملک کی معیشت میں بہتری آ رہی ہے اور عوام کو ریلیف فراہم کرنے کے لیے اقدامات کیے جا رہے ہیں وزیر اعظم نے اجلاس کی صدارت کی جس میں وفاقی وزراء اور اعلیٰ حکام نے شرکت کی اور مختلف امور پر تفصیلی غور کیا گیا حکومت نے اس موقع پر عوامی مسائل کے حل کے لیے فوری اقدامات کی ہدایت جاری کی اسلام آباد پاکستان کی حکومت نے کہا ہے کہ ملک کی معیشت میں بہتری آ رہی ہے اور عوام کو ریلیف فراہم کرنے کے لیے اقدامات کیے جا رہے ہیں وزیر اعظم نے اجلاس کی صدارت کی جس میں وفاقی وزراء اور اعلیٰ حکام نے شرکت کی اور مختلف امور پر تفصیلی غور کیا گیا حکومت نے اس موقع پر عوامی مسائل کے حل کے لیے فوری اقدامات کی ہدایت جاری کی اسلام آباد پاکستان کی حکومت نے کہا ہے کہ ملک کی معیشت میں بہتری آ رہی ہے اور عوام کو ریلیف فراہم کرنے کے لیے اقدامات کیے جا رہے ہیں وزیر اعظم نے اجلاس کی صدارت کی جس میں وفاقی وزراء اور اعلیٰ حکام نے شرکت کی اور مختلف امور پر تفصیلی غور کیا گیا حکومت نے اس موقع پر عوامی مسائل کے حل کے لیے فوری اقدامات کی ہدایت جاری کی اسلام آباد پاکستان کی حکومت نے کہا ہے کہ ملک کی معیشت میں بہتری آ رہی ہے اور عوام کو ریلیف فراہم کرنے کے لیے اقدامات کیے جا رہے ہیں وزیر اعظم نے اجلاس کی صدارت کی جس میں وفاقی وزراء اور اعلیٰ حکام نے شرکت کی اور مختلف امور پر تفصیلی غور کیا گیا حکومت نے اس موقع پر عوامی مسائل کے حل کے لیے فوری اقدامات کی ہدایت جاری کی

30	خبر

اسلام آباد پاکستان کی حکومت نے کہا ہے کہ ملک کی معیشت میں بہتری آ رہی ہے اور عوام کو ریلیف فراہم کرنے کے لیے اقدامات کیے جا رہے ہیں وزیر اعظم نے اجلاس کی صدارت کی جس میں وفاقی وزراء اور اعلیٰ حکام نے شرکت کی اور مختلف امور پر تفصیلی غور کیا گیا حکومت نے اس موقع پر عوامی مسائل کے حل کے لیے فوری اقدامات کی ہدایت جاری کی اسلام آباد پاکستان کی حکومت نے کہا ہے کہ ملک کی معیشت میں بہتری آ رہی ہے اور عوام کو ریلیف فراہم کرنے کے لیے اقدامات کیے جا رہے ہیں وزیر اعظم نے اجلاس کی صدارت کی جس میں وفاقی وزراء اور اعلیٰ حکام نے شرکت کی اور مختلف امور پر تفصیلی غور کیا گیا حکومت نے اس موقع پر عوامی مسائل کے حل کے لیے فوری اقدامات کی ہدایت جاری کی اسلام آباد پاکستان کی حکومت نے کہا ہے کہ ملک کی معیشت میں بہتری آ رہی ہے اور عوام کو ریلیف فراہم کرنے کے لیے اقدامات کیے جا رہے ہیں وزیر اعظم نے اجلاس کی صدارت کی جس میں وفاقی وزراء اور اعلیٰ حکام نے شرکت کی اور مختلف امور پر تفصیلی غور کیا گیا حکومت نے اس موقع پر عوامی مسائل کے حل کے لیے فوری اقدامات کی ہدایت جاری کی اسلام آباد پاکستان کی حکومت نے کہا ہے کہ ملک کی معیشت میں بہتری آ رہی ہے اور عوام کو ریلیف فراہم کرنے کے لیے اقدامات کیے جا رہے ہیں وزیر اعظم نے اجلاس کی صدارت کی جس میں وفاقی وزراء اور اعلیٰ حکام نے شرکت کی اور مختلف امور پر تفصیلی غور کیا گیا حکومت نے اس موقع پر عوامی مسائل کے حل کے لیے فوری اقدامات کی ہدایت جاری کی

31	خبر

اسلام آباد پاکستان کی حکومت نے کہا ہے کہ ملک کی معیشت میں بہتری آ رہی ہے اور عوام کو ریلیف فراہم کرنے کے لیے اقدامات کیے جا رہے ہیں وزیر اعظم نے اجلاس کی صدارت کی جس میں وفاقی وزراء اور اعلیٰ حکام نے شرکت کی اور مختلف امور پر تفصیلی غور کیا گیا حکومت نے اس موقع پر عوامی مسائل کے حل کے لیے فوری اقدامات کی ہدایت جاری کی اسلام آباد پاکستان کی حکومت نے کہا ہے کہ ملک کی معیشت میں بہتری آ رہی ہے اور عوام کو ریلیف فراہم کرنے کے لیے اقدامات کیے جا رہے ہیں وزیر اعظم نے اجلاس کی صدارت کی جس میں وفاقی وزراء اور اعلیٰ حکام نے شرکت کی اور مختلف امور پر تفصیلی غور کیا گیا حکومت نے اس موقع پر عوامی مسائل کے حل کے لیے فوری اقدامات کی ہدایت جاری کی اسلام آباد پاکستان کی حکومت نے کہا ہے کہ ملک کی معیشت میں بہتری آ رہی ہے اور عوام کو ریلیف فراہم کرنے کے لیے اقدامات کیے جا رہے ہیں وزیر اعظم نے اجلاس کی صدارت کی جس میں وفاقی وزراء اور اعلیٰ حکام نے شرکت کی اور مختلف امور پر تفصیلی غور کیا گیا حکومت نے اس موقع پر عوامی مسائل کے حل کے لیے فوری اقدامات کی ہدایت جاری کی اسلام آباد پاکستان کی حکومت نے کہا ہے کہ ملک کی معیشت میں بہتری آ رہی ہے اور عوام کو ریلیف فراہم کرنے کے لیے اقدامات کیے جا رہے ہیں وزیر اعظم نے اجلاس کی صدارت کی جس میں وفاقی وزراء اور اعلیٰ حکام نے شرکت کی اور مختلف امور پر تفصیلی غور کیا گیا حکومت نے اس موقع پر عوامی مسائل کے حل کے لیے فوری اقدامات کی ہدایت جاری کی

32	خبر

اسلام آباد پاکستان کی حکومت نے کہا ہے کہ ملک کی معیشت میں بہتری آ رہی ہے اور عوام کو ریلیف فراہم کرنے کے لیے اقدامات کیے جا رہے ہیں وزیر اعظم نے اجلاس کی صدارت کی جس میں وفاقی وزراء اور اعلیٰ حکام نے شرکت کی اور مختلف امور پر تفصیلی غور کیا گیا حکومت نے اس موقع پر عوامی مسائل کے حل کے لیے فوری اقدامات کی ہدایت جاری کی اسلام آباد پاکستان کی حکومت نے کہا ہے کہ ملک کی معیشت میں بہتری آ رہی ہے اور عوام کو ریلیف فراہم کرنے کے لیے اقدامات کیے جا رہے ہیں وزیر اعظم نے اجلاس کی صدارت کی جس میں وفاقی وزراء اور اعلیٰ حکام نے شرکت کی اور مختلف امور پر تفصیلی غور کیا گیا حکومت نے اس موقع پر عوامی مسائل کے حل کے لیے فوری اقدامات کی ہدایت جاری کی اسلام آباد پاکستان کی حکومت نے کہا ہے کہ ملک کی معیشت میں بہتری آ رہی ہے اور عوام کو ریلیف فراہم کرنے کے لیے اقدامات کیے جا رہے ہیں وزیر اعظم نے اجلاس کی صدارت کی جس میں وفاقی وزراء اور اعلیٰ حکام نے شرکت کی اور مختلف امور پر تفصیلی غور کیا گیا حکومت نے اس موقع پر عوامی مسائل کے حل کے لیے فوری اقدامات کی ہدایت جاری کی اسلام آباد پاکستان کی حکومت نے کہا ہے کہ ملک کی معیشت میں بہتری آ رہی ہے اور عوام کو ریلیف فراہم کرنے کے لیے اقدامات کیے جا رہے ہیں وزیر اعظم نے اجلاس کی صدارت کی جس میں وفاقی وزراء اور اعلیٰ حکام نے شرکت کی اور مختلف امور پر تفصیلی غور کیا گیا حکومت نے اس موقع پر عوامی مسائل کے حل کے لیے فوری اقدامات کی ہدایت جاری کی

33	خبر

اسلام آباد پاکستان کی حکومت نے کہا ہے کہ ملک کی معیشت میں بہتری آ رہی ہے اور عوام کو ریلیف فراہم کرنے کے لیے اقدامات کیے جا رہے ہیں وزیر اعظم نے اجلاس کی صدارت کی جس میں وفاقی وزراء اور اعلیٰ حکام نے شرکت کی اور مختلف امور پر تفصیلی غور کیا گیا حکومت نے اس موقع پر عوامی مسائل کے حل کے لیے فوری اقدامات کی ہدایت جاری کی اسلام آباد پاکستان کی حکومت نے کہا ہے کہ ملک کی معیشت میں بہتری آ رہی ہے اور عوام کو ریلیف فراہم کرنے کے لیے اقدامات کیے جا رہے ہیں وزیر اعظم نے اجلاس کی صدارت کی جس میں وفاقی وزراء اور اعلیٰ حکام نے شرکت کی اور مختلف امور پر تفصیلی غور کیا گیا حکومت نے اس موقع پر عوامی مسائل کے حل کے لیے فوری اقدامات کی ہدایت جاری کی اسلام آباد پاکستان کی حکومت نے کہا ہے کہ ملک کی معیشت میں بہتری آ رہی ہے اور عوام کو ریلیف فراہم کرنے کے لیے اقدامات کیے جا رہے ہیں وزیر اعظم نے اجلاس کی صدارت کی جس میں وفاقی وزراء اور اعلیٰ حکام نے شرکت کی اور مختلف امور پر تفصیلی غور کیا گیا حکومت نے اس موقع پر عوامی مسائل کے حل کے لیے فوری اقدامات کی ہدایت جاری کی اسلام آباد پاکستان کی حکومت نے کہا ہے کہ ملک کی معیشت میں بہتری آ رہی ہے اور عوام کو ریلیف فراہم کرنے کے لیے اقدامات کیے جا رہے ہیں وزیر اعظم نے اجلاس کی صدارت کی جس میں وفاقی وزراء اور اعلیٰ حکام نے شرکت کی اور مختلف امور پر تفصیلی غور کیا گیا حکومت نے اس موقع پر عوامی مسائل کے حل کے لیے فوری اقدامات کی ہدایت جاری کی

34	خبر

اسلام آباد پاکستان کی حکومت نے کہا ہے کہ ملک کی معیشت میں بہتری آ رہی ہے اور عوام کو ریلیف فراہم کرنے کے لیے اقدامات کیے جا رہے ہیں وزیر اعظم نے اجلاس کی صدارت کی جس میں وفاقی وزراء اور اعلیٰ حکام نے شرکت کی اور مختلف امور پر تفصیلی غور کیا گیا حکومت نے اس موقع پر عوامی مسائل کے حل کے لیے فوری اقدامات کی ہدایت جاری کی اسلام آباد پاکستان کی حکومت نے کہا ہے کہ ملک کی معیشت میں بہتری آ رہی ہے اور عوام کو ریلیف فراہم کرنے کے لیے اقدامات کیے جا رہے ہیں وزیر اعظم نے اجلاس کی صدارت کی جس میں وفاقی وزراء اور اعلیٰ حکام نے شرکت کی اور مختلف امور پر تفصیلی غور کیا گیا حکومت نے اس موقع پر عوامی مسائل کے حل کے لیے فوری اقدامات کی ہدایت جاری کی اسلام آباد پاکستان کی حکومت نے کہا ہے کہ ملک کی معیشت میں بہتری آ رہی ہے اور عوام کو ریلیف فراہم کرنے کے لیے اقدامات کیے جا رہے ہیں وزیر اعظم نے اجلاس کی صدارت کی جس میں وفاقی وزراء اور اعلیٰ حکام نے شرکت کی اور مختلف امور پر تفصیلی غور کیا گیا حکومت نے اس موقع پر عوامی مسائل کے حل کے لیے فوری اقدامات کی ہدایت جاری کی اسلام آباد پاکستان کی حکومت نے کہا ہے کہ ملک کی معیشت میں بہتری آ رہی ہے اور عوام کو ریلیف فراہم کرنے کے لیے اقدامات کیے جا رہے ہیں وزیر اعظم نے اجلاس کی صدارت کی جس میں وفاقی وزراء اور اعلیٰ حکام نے شرکت کی اور مختلف امور پر تفصیلی غور کیا گیا حکومت نے اس موقع پر عوامی مسائل کے حل کے لیے فوری اقدامات کی ہدایت جاری کی

35	خبر

اسلام آباد پاکستان کی حکومت نے کہا ہے کہ ملک کی معیشت میں بہتری آ رہی ہے اور عوام کو ریلیف فراہم کرنے کے لیے اقدامات کیے جا رہے ہیں وزیر اعظم نے اجلاس کی صدارت کی جس میں وفاقی وزراء اور اعلیٰ حکام نے شرکت کی اور مختلف امور پر تفصیلی غور کیا گیا حکومت نے اس موقع پر عوامی مسائل کے حل کے لیے فوری اقدامات کی ہدایت جاری کی اسلام آباد پاکستان کی حکومت نے کہا ہے کہ ملک کی معیشت میں بہتری آ رہی ہے اور عوام کو ریلیف فراہم کرنے کے لیے اقدامات کیے جا رہے ہیں وزیر اعظم نے اجلاس کی صدارت کی جس میں وفاقی وزراء اور اعلیٰ حکام نے شرکت کی اور مختلف امور پر تفصیلی غور کیا گیا حکومت نے اس موقع پر عوامی مسائل کے حل کے لیے فوری اقدامات کی ہدایت جاری کی اسلام آباد پاکستان کی حکومت نے کہا ہے کہ ملک کی معیشت میں بہتری آ رہی ہے اور عوام کو ریلیف فراہم کرنے کے لیے اقدامات کیے جا رہے ہیں وزیر اعظم نے اجلاس کی صدارت کی جس میں وفاقی وزراء اور اعلیٰ حکام نے شرکت کی اور مختلف امور پر تفصیلی غور کیا گیا حکومت نے اس موقع پر عوامی مسائل کے حل کے لیے فوری اقدامات کی ہدایت جاری کی اسلام آباد پاکستان کی حکومت نے کہا ہے کہ ملک کی معیشت میں بہتری آ رہی ہے اور عوام کو ریلیف فراہم کرنے کے لیے اقدامات کیے جا رہے ہیں وزیر اعظم نے اجلاس کی صدارت کی جس میں وفاقی وزراء اور اعلیٰ حکام نے شرکت کی اور مختلف امور پر تفصیلی غور کیا گیا حکومت نے اس موقع پر عوامی مسائل کے حل کے لیے فوری اقدامات کی ہدایت جاری کی

36	خبر

اسلام آباد پاکستان کی حکومت نے کہا ہے کہ ملک کی معیشت میں بہتری آ رہی ہے اور عوام کو ریلیف فراہم کرنے کے لیے اقدامات کیے جا رہے ہیں وزیر اعظم نے اجلاس کی صدارت کی جس میں وفاقی وزراء اور اعلیٰ حکام نے شرکت کی اور مختلف امور پر تفصیلی غور کیا گیا حکومت نے اس موقع پر عوامی مسائل کے حل کے لیے فوری اقدامات کی ہدایت جاری کی اسلام آباد پاکستان کی حکومت نے کہا ہے کہ ملک کی معیشت میں بہتری آ رہی ہے اور عوام کو ریلیف فراہم کرنے کے لیے اقدامات کیے جا رہے ہیں وزیر اعظم نے اجلاس کی صدارت کی جس میں وفاقی وزراء اور اعلیٰ حکام نے شرکت کی اور مختلف امور پر تفصیلی غور کیا گیا حکومت نے اس موقع پر عوامی مسائل کے حل کے لیے فوری اقدامات کی ہدایت جاری کی اسلام آباد پاکستان کی حکومت نے کہا ہے کہ ملک کی معیشت میں بہتری آ رہی ہے اور عوام کو ریلیف فراہم کرنے کے لیے اقدامات کیے جا رہے ہیں وزیر اعظم نے اجلاس کی صدارت کی جس میں وفاقی وزراء اور اعلیٰ حکام نے شرکت کی اور مختلف امور پر تفصیلی غور کیا گیا حکومت نے اس موقع پر عوامی مسائل کے حل کے لیے فوری اقدامات کی ہدایت جاری کی اسلام آباد پاکستان کی حکومت نے کہا ہے کہ ملک کی معیشت میں بہتری آ رہی ہے اور عوام کو ریلیف فراہم کرنے کے لیے اقدامات کیے جا رہے ہیں وزیر اعظم نے اجلاس کی صدارت کی جس میں وفاقی وزراء اور اعلیٰ حکام نے شرکت کی اور مختلف امور پر تفصیلی غور کیا گیا حکومت نے اس موقع پر عوامی مسائل کے حل کے لیے فوری اقدامات کی ہدایت جاری کی

37	خبر

اسلام آباد پاکستان کی حکومت نے کہا ہے کہ ملک کی معیشت میں بہتری آ رہی ہے اور عوام کو ریلیف فراہم کرنے کے لیے اقدامات کیے جا رہے ہیں وزیر اعظم نے اجلاس کی صدارت کی جس میں وفاقی وزراء اور اعلیٰ حکام نے شرکت کی اور مختلف امور پر تفصیلی غور کیا گیا حکومت نے اس موقع پر عوامی مسائل کے حل کے لیے فوری اقدامات کی ہدایت جاری کی اسلام آباد پاکستان کی حکومت نے کہا ہے کہ ملک کی معیشت میں بہتری آ رہی ہے اور عوام کو ریلیف فراہم کرنے کے لیے اقدامات کیے جا رہے ہیں وزیر اعظم نے اجلاس کی صدارت کی جس میں وفاقی وزراء اور اعلیٰ حکام نے شرکت کی اور مختلف امور پر تفصیلی غور کیا گیا حکومت نے اس موقع پر عوامی مسائل کے حل کے لیے فوری اقدامات کی ہدایت جاری کی اسلام آباد پاکستان کی حکومت نے کہا ہے کہ ملک کی معیشت میں بہتری آ رہی ہے اور عوام کو ریلیف فراہم کرنے کے لیے اقدامات کیے جا رہے ہیں وزیر اعظم نے اجلاس کی صدارت کی جس میں وفاقی وزراء اور اعلیٰ حکام نے شرکت کی اور مختلف امور پر تفصیلی غور کیا گیا حکومت نے اس موقع پر عوامی مسائل کے حل کے لیے فوری اقدامات کی ہدایت جاری کی اسلام آباد پاکستان کی حکومت نے کہا ہے کہ ملک کی معیشت میں بہتری آ رہی ہے اور عوام کو ریلیف فراہم کرنے کے لیے اقدامات کیے جا رہے ہیں وزیر اعظم نے اجلاس کی صدارت کی جس میں وفاقی وزراء اور اعلیٰ حکام نے شرکت کی اور مختلف امور پر تفصیلی غور کیا گیا حکومت نے اس موقع پر عوامی مسائل کے حل کے لیے فوری اقدامات کی ہدایت جاری کی

38	خبر

اسلام آباد پاکستان کی حکومت نے کہا ہے کہ ملک کی معیشت میں بہتری آ رہی ہے اور عوام کو ریلیف فراہم کرنے کے لیے اقدامات کیے جا رہے ہیں وزیر اعظم نے اجلاس کی صدارت کی جس میں وفاقی وزراء اور اعلیٰ حکام نے شرکت کی اور مختلف امور پر تفصیلی غور کیا گیا حکومت نے اس موقع پر عوامی مسائل کے حل کے لیے فوری اقدامات کی ہدایت جاری کی اسلام آباد پاکستان کی حکومت نے کہا ہے کہ ملک کی معیشت میں بہتری آ رہی ہے اور عوام کو ریلیف فراہم کرنے کے لیے اقدامات کیے جا رہے ہیں وزیر اعظم نے اجلاس کی صدارت کی جس میں وفاقی وزراء اور اعلیٰ حکام نے شرکت کی اور مختلف امور پر تفصیلی غور کیا گیا حکومت نے اس موقع پر عوامی مسائل کے حل کے لیے فوری اقدامات کی ہدایت جاری کی اسلام آباد پاکستان کی حکومت نے کہا ہے کہ ملک کی معیشت میں بہتری آ رہی ہے اور عوام کو ریلیف فراہم کرنے کے لیے اقدامات کیے جا رہے ہیں وزیر اعظم نے اجلاس کی صدارت کی جس میں وفاقی وزراء اور اعلیٰ حکام نے شرکت کی اور مختلف امور پر تفصیلی غور کیا گیا حکومت نے اس موقع پر عوامی مسائل کے حل کے لیے فوری اقدامات کی ہدایت جاری کی اسلام آباد پاکستان کی حکومت نے کہا ہے کہ ملک کی معیشت میں بہتری آ رہی ہے اور عوام کو ریلیف فراہم کرنے کے لیے اقدامات کیے جا رہے ہیں وزیر اعظم نے اجلاس کی صدارت کی جس میں وفاقی وزراء اور اعلیٰ حکام نے شرکت کی اور مختلف امور پر تفصیلی غور کیا گیا حکومت نے اس موقع پر عوامی مسائل کے حل کے لیے فوری اقدامات کی ہدایت جاری کی

39	خبر

اسلام آباد پاکستان کی حکومت نے کہا ہے کہ ملک کی معیشت میں بہتری آ رہی ہے اور عوام کو ریلیف فراہم کرنے کے لیے اقدامات کیے جا رہے ہیں وزیر اعظم نے اجلاس کی صدارت کی جس میں وفاقی وزراء اور اعلیٰ حکام نے شرکت کی اور مختلف امور پر تفصیلی غور کیا گیا حکومت نے اس موقع پر عوامی مسائل کے حل کے لیے فوری اقدامات کی ہدایت جاری کی اسلام آباد پاکستان کی حکومت نے کہا ہے کہ ملک کی معیشت میں بہتری آ رہی ہے اور عوام کو ریلیف فراہم کرنے کے لیے اقدامات کیے جا رہے ہیں وزیر اعظم نے اجلاس کی صدارت کی جس میں وفاقی وزراء اور اعلیٰ حکام نے شرکت کی اور مختلف امور پر تفصیلی غور کیا گیا حکومت نے اس موقع پر عوامی مسائل کے حل کے لیے فوری اقدامات کی ہدایت جاری کی اسلام آباد پاکستان کی حکومت نے کہا ہے کہ ملک کی معیشت میں بہتری آ رہی ہے اور عوام کو ریلیف فراہم کرنے کے لیے اقدامات کیے جا رہے ہیں وزیر اعظم نے اجلاس کی صدارت کی جس میں وفاقی وزراء اور اعلیٰ حکام نے شرکت کی اور مختلف امور پر تفصیلی غور کیا گیا حکومت نے اس موقع پر عوامی مسائل کے حل کے لیے فوری اقدامات کی ہدایت جاری کی اسلام آباد پاکستان کی حکومت نے کہا ہے کہ ملک کی معیشت میں بہتری آ رہی ہے اور عوام کو ریلیف فراہم کرنے کے لیے اقدامات کیے جا رہے ہیں وزیر اعظم نے اجلاس کی صدارت کی جس میں وفاقی وزراء اور اعلیٰ حکام نے شرکت کی اور مختلف امور پر تفصیلی غور کیا گیا حکومت نے اس موقع پر عوامی مسائل کے حل کے لیے فوری اقدامات کی ہدایت جاری کی

40	خبر

اسلام آباد پاکستان کی حکومت نے کہا ہے کہ ملک کی معیشت میں بہتری آ رہی ہے اور عوام کو ریلیف فراہم کرنے کے لیے اقدامات کیے جا رہے ہیں وزیر اعظم نے اجلاس کی صدارت کی جس میں وفاقی وزراء اور اعلیٰ حکام نے شرکت کی اور مختلف امور پر تفصیلی غور کیا گیا حکومت نے اس موقع پر عوامی مسائل کے حل کے لیے فوری اقدامات کی ہدایت جاری کی اسلام آباد پاکستان کی حکومت نے کہا ہے کہ ملک کی معیشت میں بہتری آ رہی ہے اور عوام کو ریلیف فراہم کرنے کے لیے اقدامات کیے جا رہے ہیں وزیر اعظم نے اجلاس کی صدارت کی جس میں وفاقی وزراء اور اعلیٰ حکام نے شرکت کی اور مختلف امور پر تفصیلی غور کیا گیا حکومت نے اس موقع پر عوامی مسائل کے حل کے لیے فوری اقدامات کی ہدایت جاری کی اسلام آباد پاکستان کی حکومت نے کہا ہے کہ ملک کی معیشت میں بہتری آ رہی ہے اور عوام کو ریلیف فراہم کرنے کے لیے اقدامات کیے جا رہے ہیں وزیر اعظم نے اجلاس کی صدارت کی جس میں وفاقی وزراء اور اعلیٰ حکام نے شرکت کی اور مختلف امور پر تفصیلی غور کیا گیا حکومت نے اس موقع پر عوامی مسائل کے حل کے لیے فوری اقدامات کی ہدایت جاری کی اسلام آباد پاکستان کی حکومت نے کہا ہے کہ ملک کی معیشت میں بہتری آ رہی ہے اور عوام کو ریلیف فراہم کرنے کے لیے اقدامات کیے جا رہے ہیں وزیر اعظم نے اجلاس کی صدارت کی جس میں وفاقی وزراء اور اعلیٰ حکام نے شرکت کی اور مختلف امور پر تفصیلی غور کیا گیا حکومت نے اس موقع پر عوامی مسائل کے حل کے لیے فوری اقدامات کی ہدایت جاری کی

41	خبر

اسلام آباد پاکستان کی حکومت نے کہا ہے کہ ملک کی معیشت میں بہتری آ رہی ہے اور عوام کو ریلیف فراہم کرنے کے لیے اقدامات کیے جا رہے ہیں وزیر اعظم نے اجلاس کی صدارت کی جس میں وفاقی وزراء اور اعلیٰ حکام نے شرکت کی اور مختلف امور پر تفصیلی غور کیا گیا حکومت نے اس موقع پر عوامی مسائل کے حل کے لیے فوری اقدامات کی ہدایت جاری کی اسلام آباد پاکستان کی حکومت نے کہا ہے کہ ملک کی معیشت میں بہتری آ رہی ہے اور عوام کو ریلیف فراہم کرنے کے لیے اقدامات کیے جا رہے ہیں وزیر اعظم نے اجلاس کی صدارت کی جس میں وفاقی وزراء اور اعلیٰ حکام نے شرکت کی اور مختلف امور پر تفصیلی غور کیا گیا حکومت نے اس موقع پر عوامی مسائل کے حل کے لیے فوری اقدامات کی ہدایت جاری کی اسلام آباد پاکستان کی حکومت نے کہا ہے کہ ملک کی معیشت میں بہتری آ رہی ہے اور عوام کو ریلیف فراہم کرنے کے لیے اقدامات کیے جا رہے ہیں وزیر اعظم نے اجلاس کی صدارت کی جس میں وفاقی وزراء اور اعلیٰ حکام نے شرکت کی اور مختلف امور پر تفصیلی غور کیا گیا حکومت نے اس موقع پر عوامی مسائل کے حل کے لیے فوری اقدامات کی ہدایت جاری کی اسلام آباد پاکستان کی حکومت نے کہا ہے کہ ملک کی معیشت میں بہتری آ رہی ہے اور عوام کو ریلیف فراہم کرنے کے لیے اقدامات کیے جا رہے ہیں وزیر اعظم نے اجلاس کی صدارت کی جس میں وفاقی وزراء اور اعلیٰ حکام نے شرکت کی اور مختلف امور پر تفصیلی غور کیا گیا حکومت نے اس موقع پر عوامی مسائل کے حل کے لیے فوری اقدامات کی ہدایت جاری کی

42	خبر

اسلام آباد پاکستان کی حکومت نے کہا ہے کہ ملک کی معیشت میں بہتری آ رہی ہے اور عوام کو ریلیف فراہم کرنے کے لیے اقدامات کیے جا رہے ہیں وزیر اعظم نے اجلاس کی صدارت کی جس میں وفاقی وزراء اور اعلیٰ حکام نے شرکت کی اور مختلف امور پر تفصیلی غور کیا گیا حکومت نے اس موقع پر عوامی مسائل کے حل کے لیے فوری اقدامات کی ہدایت جاری کی اسلام آباد پاکستان کی حکومت نے کہا ہے کہ ملک کی معیشت میں بہتری آ رہی ہے اور عوام کو ریلیف فراہم کرنے کے لیے اقدامات کیے جا رہے ہیں وزیر اعظم نے اجلاس کی صدارت کی جس میں وفاقی وزراء اور اعلیٰ حکام نے شرکت کی اور مختلف امور پر تفصیلی غور کیا گیا حکومت نے اس موقع پر عوامی مسائل کے حل کے لیے فوری اقدامات کی ہدایت جاری کی اسلام آباد پاکستان کی حکومت نے کہا ہے کہ ملک کی معیشت میں بہتری آ رہی ہے اور عوام کو ریلیف فراہم کرنے کے لیے اقدامات کیے جا رہے ہیں وزیر اعظم نے اجلاس کی صدارت کی جس میں وفاقی وزراء اور اعلیٰ حکام نے شرکت کی اور مختلف امور پر تفصیلی غور کیا گیا حکومت نے اس موقع پر عوامی مسائل کے حل کے لیے فوری اقدامات کی ہدایت جاری کی اسلام آباد پاکستان کی حکومت نے کہا ہے کہ ملک کی معیشت میں بہتری آ رہی ہے اور عوام کو ریلیف فراہم کرنے کے لیے اقدامات کیے جا رہے ہیں وزیر اعظم نے اجلاس کی صدارت کی جس میں وفاقی وزراء اور اعلیٰ حکام نے شرکت کی اور مختلف امور پر تفصیلی غور کیا گیا حکومت نے اس موقع پر عوامی مسائل کے حل کے لیے فوری اقدامات کی ہدایت جاری کی

43	خبر

اسلام آباد پاکستان کی حکومت نے کہا ہے کہ ملک کی معیشت میں بہتری آ رہی ہے اور عوام کو ریلیف فراہم کرنے کے لیے اقدامات کیے جا رہے ہیں وزیر اعظم نے اجلاس کی صدارت کی جس میں وفاقی وزراء اور اعلیٰ حکام نے شرکت کی اور مختلف امور پر تفصیلی غور کیا گیا حکومت نے اس موقع پر عوامی مسائل کے حل کے لیے فوری اقدامات کی ہدایت جاری کی اسلام آباد پاکستان کی حکومت نے کہا ہے کہ ملک کی معیشت میں بہتری آ رہی ہے اور عوام کو ریلیف فراہم کرنے کے لیے اقدامات کیے جا رہے ہیں وزیر اعظم نے اجلاس کی صدارت کی جس میں وفاقی وزراء اور اعلیٰ حکام نے شرکت کی اور مختلف امور پر تفصیلی غور کیا گیا حکومت نے اس موقع پر عوامی مسائل کے حل کے لیے فوری اقدامات کی ہدایت جاری کی اسلام آباد پاکستان کی حکومت نے کہا ہے کہ ملک کی معیشت میں بہتری آ رہی ہے اور عوام کو ریلیف فراہم کرنے کے لیے اقدامات کیے جا رہے ہیں وزیر اعظم نے اجلاس کی صدارت کی جس میں وفاقی وزراء اور اعلیٰ حکام نے شرکت کی اور مختلف امور پر تفصیلی غور کیا گیا حکومت نے اس موقع پر عوامی مسائل کے حل کے لیے فوری اقدامات کی ہدایت جاری کی اسلام آباد پاکستان کی حکومت نے کہا ہے کہ ملک کی معیشت میں بہتری آ رہی ہے اور عوام کو ریلیف فراہم کرنے کے لیے اقدامات کیے جا رہے ہیں وزیر اعظم نے اجلاس کی صدارت کی جس میں وفاقی وزراء اور اعلیٰ حکام نے شرکت کی اور مختلف امور پر تفصیلی غور کیا گیا حکومت نے اس موقع پر عوامی مسائل کے حل کے لیے فوری اقدامات کی ہدایت جاری کی

44	خبر

اسلام آباد پاکستان کی حکومت نے کہا ہے کہ ملک کی معیشت میں بہتری آ رہی ہے اور عوام کو ریلیف فراہم کرنے کے لیے اقدامات کیے جا رہے ہیں وزیر اعظم نے اجلاس کی صدارت کی جس میں وفاقی وزراء اور اعلیٰ حکام نے شرکت کی اور مختلف امور پر تفصیلی غور کیا گیا حکومت نے اس موقع پر عوامی مسائل کے حل کے لیے فوری اقدامات کی ہدایت جاری کی اسلام آباد پاکستان کی حکومت نے کہا ہے کہ ملک کی معیشت میں بہتری آ رہی ہے اور عوام کو ریلیف فراہم کرنے کے لیے اقدامات کیے جا رہے ہیں وزیر اعظم نے اجلاس کی صدارت کی جس میں وفاقی وزراء اور اعلیٰ حکام نے شرکت کی اور مختلف امور پر تفصیلی غور کیا گیا حکومت نے اس موقع پر عوامی مسائل کے حل کے لیے فوری اقدامات کی ہدایت جاری کی اسلام آباد پاکستان کی حکومت نے کہا ہے کہ ملک کی معیشت میں بہتری آ رہی ہے اور عوام کو ریلیف فراہم کرنے کے لیے اقدامات کیے جا رہے ہیں وزیر اعظم نے اجلاس کی صدارت کی جس میں وفاقی وزراء اور اعلیٰ حکام نے شرکت کی اور مختلف امور پر تفصیلی غور کیا گیا حکومت نے اس موقع پر عوامی مسائل کے حل کے لیے فوری اقدامات کی ہدایت جاری کی اسلام آباد پاکستان کی حکومت نے کہا ہے کہ ملک کی معیشت میں بہتری آ رہی ہے اور عوام کو ریلیف فراہم کرنے کے لیے اقدامات کیے جا رہے ہیں وزیر اعظم نے اجلاس کی صدارت کی جس میں وفاقی وزراء اور اعلیٰ حکام نے شرکت کی اور مختلف امور پر تفصیلی غور کیا گیا حکومت نے اس موقع پر عوامی مسائل کے حل کے لیے فوری اقدامات کی ہدایت جاری کی

45	خبر

اسلام آباد پاکستان کی حکومت نے کہا ہے کہ ملک کی معیشت میں بہتری آ رہی ہے اور عوام کو ریلیف فراہم کرنے کے لیے اقدامات کیے جا رہے ہیں وزیر اعظم نے اجلاس کی صدارت کی جس میں وفاقی وزراء اور اعلیٰ حکام نے شرکت کی اور مختلف امور پر تفصیلی غور کیا گیا حکومت نے اس موقع پر عوامی مسائل کے حل کے لیے فوری اقدامات کی ہدایت جاری کی اسلام آباد پاکستان کی حکومت نے کہا ہے کہ ملک کی معیشت میں بہتری آ رہی ہے اور عوام کو ریلیف فراہم کرنے کے لیے اقدامات کیے جا رہے ہیں وزیر اعظم نے اجلاس کی صدارت کی جس میں وفاقی وزراء اور اعلیٰ حکام نے شرکت کی اور مختلف امور پر تفصیلی غور کیا گیا حکومت نے اس موقع پر عوامی مسائل کے حل کے لیے فوری اقدامات کی ہدایت جاری کی اسلام آباد پاکستان کی حکومت نے کہا ہے کہ ملک کی معیشت میں بہتری آ رہی ہے اور عوام کو ریلیف فراہم کرنے کے لیے اقدامات کیے جا رہے ہیں وزیر اعظم نے اجلاس کی صدارت کی جس میں وفاقی وزراء اور اعلیٰ حکام نے شرکت کی اور مختلف امور پر تفصیلی غور کیا گیا حکومت نے اس موقع پر عوامی مسائل کے حل کے لیے فوری اقدامات کی ہدایت جاری کی اسلام آباد پاکستان کی حکومت نے کہا ہے کہ ملک کی معیشت میں بہتری آ رہی ہے اور عوام کو ریلیف فراہم کرنے کے لیے اقدامات کیے جا رہے ہیں وزیر اعظم نے اجلاس کی صدارت کی جس میں وفاقی وزراء اور اعلیٰ حکام نے شرکت کی اور مختلف امور پر تفصیلی غور کیا گیا حکومت نے اس موقع پر عوامی مسائل کے حل کے لیے فوری اقدامات کی ہدایت جاری کی

46	خبر

اسلام آباد پاکستان کی حکومت نے کہا ہے کہ ملک کی معیشت میں بہتری آ رہی ہے اور عوام کو ریلیف فراہم کرنے کے لیے اقدامات کیے جا رہے ہیں وزیر اعظم نے اجلاس کی صدارت کی جس میں وفاقی وزراء اور اعلیٰ حکام نے شرکت کی اور مختلف امور پر تفصیلی غور کیا گیا حکومت نے اس موقع پر عوامی مسائل کے حل کے لیے فوری اقدامات کی ہدایت جاری کی اسلام آباد پاکستان کی حکومت نے کہا ہے کہ ملک کی معیشت میں بہتری آ رہی ہے اور عوام کو ریلیف فراہم کرنے کے لیے اقدامات کیے جا رہے ہیں وزیر اعظم نے اجلاس کی صدارت کی جس میں وفاقی وزراء اور اعلیٰ حکام نے شرکت کی اور مختلف امور پر تفصیلی غور کیا گیا حکومت نے اس موقع پر عوامی مسائل کے حل کے لیے فوری اقدامات کی ہدایت جاری کی اسلام آباد پاکستان کی حکومت نے کہا ہے کہ ملک کی معیشت میں بہتری آ رہی ہے اور عوام کو ریلیف فراہم کرنے کے لیے اقدامات کیے جا رہے ہیں وزیر اعظم نے اجلاس کی صدارت کی جس میں وفاقی وزراء اور اعلیٰ حکام نے شرکت کی اور مختلف امور پر تفصیلی غور کیا گیا حکومت نے اس موقع پر عوامی مسائل کے حل کے لیے فوری اقدامات کی ہدایت جاری کی اسلام آباد پاکستان کی حکومت نے کہا ہے کہ ملک کی معیشت میں بہتری آ رہی ہے اور عوام کو ریلیف فراہم کرنے کے لیے اقدامات کیے جا رہے ہیں وزیر اعظم نے اجلاس کی صدارت کی جس میں وفاقی وزراء اور اعلیٰ حکام نے شرکت کی اور مختلف امور پر تفصیلی غور کیا گیا حکومت نے اس موقع پر عوامی مسائل کے حل کے لیے فوری اقدامات کی ہدایت جاری کی

47	خبر

اسلام آباد پاکستان کی حکومت نے کہا ہے کہ ملک کی معیشت میں بہتری آ رہی ہے اور عوام کو ریلیف فراہم کرنے کے لیے اقدامات کیے جا رہے ہیں وزیر اعظم نے اجلاس کی صدارت کی جس میں وفاقی وزراء اور اعلیٰ حکام نے شرکت کی اور مختلف امور پر تفصیلی غور کیا گیا حکومت نے اس موقع پر عوامی مسائل کے حل کے لیے فوری اقدامات کی ہدایت جاری کی اسلام آباد پاکستان کی حکومت نے کہا ہے کہ ملک کی معیشت میں بہتری آ رہی ہے اور عوام کو ریلیف فراہم کرنے کے لیے اقدامات کیے جا رہے ہیں وزیر اعظم نے اجلاس کی صدارت کی جس میں وفاقی وزراء اور اعلیٰ حکام نے شرکت کی اور مختلف امور پر تفصیلی غور کیا گیا حکومت نے اس موقع پر عوامی مسائل کے حل کے لیے فوری اقدامات کی ہدایت جاری کی اسلام آباد پاکستان کی حکومت نے کہا ہے کہ ملک کی معیشت میں بہتری آ رہی ہے اور عوام کو ریلیف فراہم کرنے کے لیے اقدامات کیے جا رہے ہیں وزیر اعظم نے اجلاس کی صدارت کی جس میں وفاقی وزراء اور اعلیٰ حکام نے شرکت کی اور مختلف امور پر تفصیلی غور کیا گیا حکومت نے اس موقع پر عوامی مسائل کے حل کے لیے فوری اقدامات کی ہدایت جاری کی اسلام آباد پاکستان کی حکومت نے کہا ہے کہ ملک کی معیشت میں بہتری آ رہی ہے اور عوام کو ریلیف فراہم کرنے کے لیے اقدامات کیے جا رہے ہیں وزیر اعظم نے اجلاس کی صدارت کی جس میں وفاقی وزراء اور اعلیٰ حکام نے شرکت کی اور مختلف امور پر تفصیلی غور کیا گیا حکومت نے اس موقع پر عوامی مسائل کے حل کے لیے فوری اقدامات کی ہدایت جاری کی

48	خبر

اسلام آباد پاکستان کی حکومت نے کہا ہے کہ ملک کی معیشت میں بہتری آ رہی ہے اور عوام کو ریلیف فراہم کرنے کے لیے اقدامات کیے جا رہے ہیں وزیر اعظم نے اجلاس کی صدارت کی جس میں وفاقی وزراء اور اعلیٰ حکام نے شرکت کی اور مختلف امور پر تفصیلی غور کیا گیا حکومت نے اس موقع پر عوامی مسائل کے حل کے لیے فوری اقدامات کی ہدایت جاری کی اسلام آباد پاکستان کی حکومت نے کہا ہے کہ ملک کی معیشت میں بہتری آ رہی ہے اور عوام کو ریلیف فراہم کرنے کے لیے اقدامات کیے جا رہے ہیں وزیر اعظم نے اجلاس کی صدارت کی جس میں وفاقی وزراء اور اعلیٰ حکام نے شرکت کی اور مختلف امور پر تفصیلی غور کیا گیا حکومت نے اس موقع پر عوامی مسائل کے حل کے لیے فوری اقدامات کی ہدایت جاری کی اسلام آباد پاکستان کی حکومت نے کہا ہے کہ ملک کی معیشت میں بہتری آ رہی ہے اور عوام کو ریلیف فراہم کرنے کے لیے اقدامات کیے جا رہے ہیں وزیر اعظم نے اجلاس کی صدارت کی جس میں وفاقی وزراء اور اعلیٰ حکام نے شرکت کی اور مختلف امور پر تفصیلی غور کیا گیا حکومت نے اس موقع پر عوامی مسائل کے حل کے لیے فوری اقدامات کی ہدایت جاری کی اسلام آباد پاکستان کی حکومت نے کہا ہے کہ ملک کی معیشت میں بہتری آ رہی ہے اور عوام کو ریلیف فراہم کرنے کے لیے اقدامات کیے جا رہے ہیں وزیر اعظم نے اجلاس کی صدارت کی جس میں وفاقی وزراء اور اعلیٰ حکام نے شرکت کی اور مختلف امور پر تفصیلی غور کیا گیا حکومت نے اس موقع پر عوامی مسائل کے حل کے لیے فوری اقدامات کی ہدایت جاری کی

49	خبر

اسلام آباد پاکستان کی حکومت نے کہا ہے کہ ملک کی معیشت میں بہتری آ رہی ہے اور عوام کو ریلیف فراہم کرنے کے لیے اقدامات کیے جا رہے ہیں وزیر اعظم نے اجلاس کی صدارت کی جس میں وفاقی وزراء اور اعلیٰ حکام نے شرکت کی اور مختلف امور پر تفصیلی غور کیا گیا حکومت نے اس موقع پر عوامی مسائل کے حل کے لیے فوری اقدامات کی ہدایت جاری کی اسلام آباد پاکستان کی حکومت نے کہا ہے کہ ملک کی معیشت میں بہتری آ رہی ہے اور عوام کو ریلیف فراہم کرنے کے لیے اقدامات کیے جا رہے ہیں وزیر اعظم نے اجلاس کی صدارت کی جس میں وفاقی وزراء اور اعلیٰ حکام نے شرکت کی اور مختلف امور پر تفصیلی غور کیا گیا حکومت نے اس موقع پر عوامی مسائل کے حل کے لیے فوری اقدامات کی ہدایت جاری کی اسلام آباد پاکستان کی حکومت نے کہا ہے کہ ملک کی معیشت میں بہتری آ رہی ہے اور عوام کو ریلیف فراہم کرنے کے لیے اقدامات کیے جا رہے ہیں وزیر اعظم نے اجلاس کی صدارت کی جس میں وفاقی وزراء اور اعلیٰ حکام نے شرکت کی اور مختلف امور پر تفصیلی غور کیا گیا حکومت نے اس موقع پر عوامی مسائل کے حل کے لیے فوری اقدامات کی ہدایت جاری کی اسلام آباد پاکستان کی حکومت نے کہا ہے کہ ملک کی معیشت میں بہتری آ رہی ہے اور عوام کو ریلیف فراہم کرنے کے لیے اقدامات کیے جا رہے ہیں وزیر اعظم نے اجلاس کی صدارت کی جس میں وفاقی وزراء اور اعلیٰ حکام نے شرکت کی اور مختلف امور پر تفصیلی غور کیا گیا حکومت نے اس موقع پر عوامی مسائل کے حل کے لیے فوری اقدامات کی ہدایت جاری کی

50	خبر

اسلام آباد پاکستان کی حکومت نے کہا ہے کہ ملک کی معیشت میں بہتری آ رہی ہے اور عوام کو ریلیف فراہم کرنے کے لیے اقدامات کیے جا رہے ہیں وزیر اعظم نے اجلاس کی صدارت کی جس میں وفاقی وزراء اور اعلیٰ حکام نے شرکت کی اور مختلف امور پر تفصیلی غور کیا گیا حکومت نے اس موقع پر عوامی مسائل کے حل کے لیے فوری اقدامات کی ہدایت جاری کی اسلام آباد پاکستان کی حکومت نے کہا ہے کہ ملک کی معیشت میں بہتری آ رہی ہے اور عوام کو ریلیف فراہم کرنے کے لیے اقدامات کیے جا رہے ہیں وزیر اعظم نے اجلاس کی صدارت کی جس میں وفاقی وزراء اور اعلیٰ حکام نے شرکت کی اور مختلف امور پر تفصیلی غور کیا گیا حکومت نے اس موقع پر عوامی مسائل کے حل کے لیے فوری اقدامات کی ہدایت جاری کی اسلام آباد پاکستان کی حکومت نے کہا

52	خبر

اسلام آباد پاکستان کی حکومت نے کہا ہے کہ ملک کی معیشت میں بہتری آ رہی ہے اور عوام کو ریلیف فراہم کرنے کے لیے اقدامات کیے جا رہے ہیں وزیر اعظم نے اجلاس کی صدارت کی جس میں وفاقی وزراء اور اعلیٰ حکام نے شرکت کی اور مختلف امور پر تفصیلی غور کیا گیا حکومت نے اس موقع پر عوامی مسائل کے حل کے لیے فوری اقدامات کی ہدایت جاری کی اسلام آباد پاکستان کی حکومت نے کہا ہے کہ ملک کی معیشت میں بہتری آ رہی ہے اور عوام کو ریلیف فراہم کرنے کے لیے اقدامات کیے جا رہے ہیں وزیر اعظم نے اجلاس کی صدارت کی جس میں وفاقی وزراء اور اعلیٰ حکام نے شرکت کی اور مختلف امور پر تفصیلی غور کیا گیا حکومت نے اس موقع پر عوامی مسائل کے حل کے لیے فوری اقدامات کی ہدایت جاری کی اسلام آباد پاکستان کی حکومت نے کہا ہے کہ ملک کی معیشت میں بہتری آ رہی ہے اور عوام کو ریلیف فراہم کرنے کے لیے اقدامات کیے جا رہے ہیں وزیر اعظم نے اجلاس کی صدارت کی جس میں وفاقی وزراء اور اعلیٰ حکام نے شرکت کی اور مختلف امور پر تفصیلی غور کیا گیا حکومت نے اس موقع پر عوامی مسائل کے حل کے لیے فوری اقدامات کی ہدایت جاری کی اسلام آباد پاکستان کی حکومت نے کہا ہے کہ ملک کی معیشت میں بہتری آ رہی ہے اور عوام کو ریلیف فراہم کرنے کے لیے اقدامات کیے جا رہے ہیں وزیر اعظم نے اجلاس کی صدارت کی جس میں وفاقی وزراء اور اعلیٰ حکام نے شرکت کی اور مختلف امور پر تفصیلی غور کیا گیا حکومت نے اس موقع پر عوامی مسائل کے حل کے لیے فوری اقدامات کی ہدایت جاری کی

53	خبر

اسلام آباد پاکستان کی حکومت نے کہا ہے کہ ملک کی معیشت میں بہتری آ رہی ہے اور عوام کو ریلیف فراہم کرنے کے لیے اقدامات کیے جا رہے ہیں وزیر اعظم نے اجلاس کی صدارت کی جس میں وفاقی وزراء اور اعلیٰ حکام نے شرکت کی اور مختلف امور پر تفصیلی غور کیا گیا حکومت نے اس موقع پر عوامی مسائل کے حل کے لیے فوری اقدامات کی ہدایت جاری کی اسلام آباد پاکستان کی حکومت نے کہا ہے کہ ملک کی معیشت میں بہتری آ رہی ہے اور عوام کو ریلیف فراہم کرنے کے لیے اقدامات کیے جا رہے ہیں وزیر اعظم نے اجلاس کی صدارت کی جس میں وفاقی وزراء اور اعلیٰ حکام نے شرکت کی اور مختلف امور پر تفصیلی غور کیا گیا حکومت نے اس موقع پر عوامی مسائل کے حل کے لیے فوری اقدامات کی ہدایت جاری کی اسلام آباد پاکستان کی حکومت نے کہا ہے کہ ملک کی معیشت میں بہتری آ رہی ہے اور عوام کو ریلیف فراہم کرنے کے لیے اقدامات کیے جا رہے ہیں وزیر اعظم نے اجلاس کی صدارت کی جس میں وفاقی وزراء اور اعلیٰ حکام نے شرکت کی اور مختلف امور پر تفصیلی غور کیا گیا حکومت نے اس موقع پر عوامی مسائل کے حل کے لیے فوری اقدامات کی ہدایت جاری کی اسلام آباد پاکستان کی حکومت نے کہا ہے کہ ملک کی معیشت میں بہتری آ رہی ہے اور عوام کو ریلیف فراہم کرنے کے لیے اقدامات کیے جا رہے ہیں وزیر اعظم نے اجلاس کی صدارت کی جس میں وفاقی وزراء اور اعلیٰ حکام نے شرکت کی اور مختلف امور پر تفصیلی غور کیا گیا حکومت نے اس موقع پر عوامی مسائل کے حل کے لیے فوری اقدامات کی ہدایت جاری کی

54	خبر

اسلام آباد پاکستان کی حکومت نے کہا ہے کہ ملک کی معیشت میں بہتری آ رہی ہے اور عوام کو ریلیف فراہم کرنے کے لیے اقدامات کیے جا رہے ہیں وزیر اعظم نے اجلاس کی صدارت کی جس میں وفاقی وزراء اور اعلیٰ حکام نے شرکت کی اور مختلف امور پر تفصیلی غور کیا گیا حکومت نے اس موقع پر عوامی مسائل کے حل کے لیے فوری اقدامات کی ہدایت جاری کی اسلام آباد پاکستان کی حکومت نے کہا ہے کہ ملک کی معیشت میں بہتری آ رہی ہے اور عوام کو ریلیف فراہم کرنے کے لیے اقدامات کیے جا رہے ہیں وزیر اعظم نے اجلاس کی صدارت کی جس میں وفاقی وزراء اور اعلیٰ حکام نے شرکت کی اور مختلف امور پر تفصیلی غور کیا گیا حکومت نے اس موقع پر عوامی مسائل کے حل کے لیے فوری اقدامات کی ہدایت جاری کی اسلام آباد پاکستان کی حکومت نے کہا ہے کہ ملک کی معیشت میں بہتری آ رہی ہے اور عوام کو ریلیف فراہم کرنے کے لیے اقدامات کیے جا رہے ہیں وزیر اعظم نے اجلاس کی صدارت کی جس میں وفاقی وزراء اور اعلیٰ حکام نے شرکت کی اور مختلف امور پر تفصیلی غور کیا گیا حکومت نے اس موقع پر عوامی مسائل کے حل کے لیے فوری اقدامات کی ہدایت جاری کی اسلام آباد پاکستان کی حکومت نے کہا ہے کہ ملک کی معیشت میں بہتری آ رہی ہے اور عوام کو ریلیف فراہم کرنے کے لیے اقدامات کیے جا رہے ہیں وزیر اعظم نے اجلاس کی صدارت کی جس میں وفاقی وزراء اور اعلیٰ حکام نے شرکت کی اور مختلف امور پر تفصیلی غور کیا گیا حکومت نے اس موقع پر عوامی مسائل کے حل کے لیے فوری اقدامات کی ہدایت جاری کی

55	خبر

اسلام آباد پاکستان کی حکومت نے کہا ہے کہ ملک کی معیشت میں بہتری آ رہی ہے اور عوام کو ریلیف فراہم کرنے کے لیے اقدامات کیے جا رہے ہیں وزیر اعظم نے اجلاس کی صدارت کی جس میں وفاقی وزراء اور اعلیٰ حکام نے شرکت کی اور مختلف امور پر تفصیلی غور کیا گیا حکومت نے اس موقع پر عوامی مسائل کے حل کے لیے فوری اقدامات کی ہدایت جاری کی اسلام آباد پاکستان کی حکومت نے کہا ہے کہ ملک کی معیشت میں بہتری آ رہی ہے اور عوام کو ریلیف فراہم کرنے کے لیے اقدامات کیے جا رہے ہیں وزیر اعظم نے اجلاس کی صدارت کی جس میں وفاقی وزراء اور اعلیٰ حکام نے شرکت کی اور مختلف امور پر تفصیلی غور کیا گیا حکومت نے اس موقع پر عوامی مسائل کے حل کے لیے فوری اقدامات کی ہدایت جاری کی اسلام آباد پاکستان کی حکومت نے کہا ہے کہ ملک کی معیشت میں بہتری آ رہی ہے اور عوام کو ریلیف فراہم کرنے کے لیے اقدامات کیے جا رہے ہیں وزیر اعظم نے اجلاس کی صدارت کی جس میں وفاقی وزراء اور اعلیٰ حکام نے شرکت کی اور مختلف امور پر تفصیلی غور کیا گیا حکومت نے اس موقع پر عوامی مسائل کے حل کے لیے فوری اقدامات کی ہدایت جاری کی اسلام آباد پاکستان کی حکومت نے کہا ہے کہ ملک کی معیشت میں بہتری آ رہی ہے اور عوام کو ریلیف فراہم کرنے کے لیے اقدامات کیے جا رہے ہیں وزیر اعظم نے اجلاس کی صدارت کی جس میں وفاقی وزراء اور اعلیٰ حکام نے شرکت کی اور مختلف امور پر تفصیلی غور کیا گیا حکومت نے اس موقع پر عوامی مسائل کے حل کے لیے فوری اقدامات کی ہدایت جاری کی

56	خبر

اسلام آباد پاکستان کی حکومت نے کہا ہے کہ ملک کی معیشت میں بہتری آ رہی ہے اور عوام کو ریلیف فراہم کرنے کے لیے اقدامات کیے جا رہے ہیں وزیر اعظم نے اجلاس کی صدارت کی جس میں وفاقی وزراء اور اعلیٰ حکام نے شرکت کی اور مختلف امور پر تفصیلی غور کیا گیا حکومت نے اس موقع پر عوامی مسائل کے حل کے لیے فوری اقدامات کی ہدایت جاری کی اسلام آباد پاکستان کی حکومت نے کہا ہے کہ ملک کی معیشت میں بہتری آ رہی ہے اور عوام کو ریلیف فراہم کرنے کے لیے اقدامات کیے جا رہے ہیں وزیر اعظم نے اجلاس کی صدارت کی جس میں وفاقی وزراء اور اعلیٰ حکام نے شرکت کی اور مختلف امور پر تفصیلی غور کیا گیا حکومت نے اس موقع پر عوامی مسائل کے حل کے لیے فوری اقدامات کی ہدایت جاری کی اسلام آباد پاکستان کی حکومت نے کہا ہے کہ ملک کی معیشت میں بہتری آ رہی ہے اور عوام کو ریلیف فراہم کرنے کے لیے اقدامات کیے جا رہے ہیں وزیر اعظم نے اجلاس کی صدارت کی جس میں وفاقی وزراء اور اعلیٰ حکام نے شرکت کی اور مختلف امور پر تفصیلی غور کیا گیا حکومت نے اس موقع پر عوامی مسائل کے حل کے لیے فوری اقدامات کی ہدایت جاری کی اسلام آباد پاکستان کی حکومت نے کہا ہے کہ ملک کی معیشت میں بہتری آ رہی ہے اور عوام کو ریلیف فراہم کرنے کے لیے اقدامات کیے جا رہے ہیں وزیر اعظم نے اجلاس کی صدارت کی جس میں وفاقی وزراء اور اعلیٰ حکام نے شرکت کی اور مختلف امور پر تفصیلی غور کیا گیا حکومت نے اس موقع پر عوامی مسائل کے حل کے لیے فوری اقدامات کی ہدایت جاری کی

57	خبر

اسلام آباد پاکستان کی حکومت نے کہا ہے کہ ملک کی معیشت میں بہتری آ رہی ہے اور عوام کو ریلیف فراہم کرنے کے لیے اقدامات کیے جا رہے ہیں وزیر اعظم نے اجلاس کی صدارت کی جس میں وفاقی وزراء اور اعلیٰ حکام نے شرکت کی اور مختلف امور پر تفصیلی غور کیا گیا حکومت نے اس موقع پر عوامی مسائل کے حل کے لیے فوری اقدامات کی ہدایت جاری کی اسلام آباد پاکستان کی حکومت نے کہا ہے کہ ملک کی معیشت میں بہتری آ رہی ہے اور عوام کو ریلیف فراہم کرنے کے لیے اقدامات کیے جا رہے ہیں وزیر اعظم نے اجلاس کی صدارت کی جس میں وفاقی وزراء اور اعلیٰ حکام نے شرکت کی اور مختلف امور پر تفصیلی غور کیا گیا حکومت نے اس موقع پر عوامی مسائل کے حل کے لیے فوری اقدامات کی ہدایت جاری کی اسلام آباد پاکستان کی حکومت نے کہا ہے کہ ملک کی معیشت میں بہتری آ رہی ہے اور عوام کو ریلیف فراہم کرنے کے لیے اقدامات کیے جا رہے ہیں وزیر اعظم نے اجلاس کی صدارت کی جس میں وفاقی وزراء اور اعلیٰ حکام نے شرکت کی اور مختلف امور پر تفصیلی غور کیا گیا حکومت نے اس موقع پر عوامی مسائل کے حل کے لیے فوری اقدامات کی ہدایت جاری کی اسلام آباد پاکستان کی حکومت نے کہا ہے کہ ملک کی معیشت میں بہتری آ رہی ہے اور عوام کو ریلیف فراہم کرنے کے لیے اقدامات کیے جا رہے ہیں وزیر اعظم نے اجلاس کی صدارت کی جس میں وفاقی وزراء اور اعلیٰ حکام نے شرکت کی اور مختلف امور پر تفصیلی غور کیا گیا حکومت نے اس موقع پر عوامی مسائل کے حل کے لیے فوری اقدامات کی ہدایت جاری کی

58	خبر

اسلام آباد پاکستان کی حکومت نے کہا ہے کہ ملک کی معیشت میں بہتری آ رہی ہے اور عوام کو ریلیف فراہم کرنے کے لیے اقدامات کیے جا رہے ہیں وزیر اعظم نے اجلاس کی صدارت کی جس میں وفاقی وزراء اور اعلیٰ حکام نے شرکت کی اور مختلف امور پر تفصیلی غور کیا گیا حکومت نے اس موقع پر عوامی مسائل کے حل کے لیے فوری اقدامات کی ہدایت جاری کی اسلام آباد پاکستان کی حکومت نے کہا ہے کہ ملک کی معیشت میں بہتری آ رہی ہے اور عوام کو ریلیف فراہم کرنے کے لیے اقدامات کیے جا رہے ہیں وزیر اعظم نے اجلاس کی صدارت کی جس میں وفاقی وزراء اور اعلیٰ حکام نے شرکت کی اور مختلف امور پر تفصیلی غور کیا گیا حکومت نے اس موقع پر عوامی مسائل کے حل کے لیے فوری اقدامات کی ہدایت جاری کی اسلام آباد پاکستان کی حکومت نے کہا ہے کہ ملک کی معیشت میں بہتری آ رہی ہے اور عوام کو ریلیف فراہم کرنے کے لیے اقدامات کیے جا رہے ہیں وزیر اعظم نے اجلاس کی صدارت کی جس میں وفاقی وزراء اور اعلیٰ حکام نے شرکت کی اور مختلف امور پر تفصیلی غور کیا گیا حکومت نے اس موقع پر عوامی مسائل کے حل کے لیے فوری اقدامات کی ہدایت جاری کی اسلام آباد پاکستان کی حکومت نے کہا ہے کہ ملک کی معیشت میں بہتری آ رہی ہے اور عوام کو ریلیف فراہم کرنے کے لیے اقدامات کیے جا رہے ہیں وزیر اعظم نے اجلاس کی صدارت کی جس میں وفاقی وزراء اور اعلیٰ حکام نے شرکت کی اور مختلف امور پر تفصیلی غور کیا گیا حکومت نے اس موقع پر عوامی مسائل کے حل کے لیے فوری اقدامات کی ہدایت جاری کی

59	خبر

اسلام آباد پاکستان کی حکومت نے کہا ہے کہ ملک کی معیشت میں بہتری آ رہی ہے اور عوام کو ریلیف فراہم کرنے کے لیے اقدامات کیے جا رہے ہیں وزیر اعظم نے اجلاس کی صدارت کی جس میں وفاقی وزراء اور اعلیٰ حکام نے شرکت کی اور مختلف امور پر تفصیلی غور کیا گیا حکومت نے اس موقع پر عوامی مسائل کے حل کے لیے فوری اقدامات کی ہدایت جاری کی اسلام آباد پاکستان کی حکومت نے کہا ہے کہ ملک کی معیشت میں بہتری آ رہی ہے اور عوام کو ریلیف فراہم کرنے کے لیے اقدامات کیے جا رہے ہیں وزیر اعظم نے اجلاس کی صدارت کی جس میں وفاقی وزراء اور اعلیٰ حکام نے شرکت کی اور مختلف امور پر تفصیلی غور کیا گیا حکومت نے اس موقع پر عوامی مسائل کے حل کے لیے فوری اقدامات کی ہدایت جاری کی اسلام آباد پاکستان کی حکومت نے کہا ہے کہ ملک کی معیشت میں بہتری آ رہی ہے اور عوام کو ریلیف فراہم کرنے کے لیے اقدامات کیے جا رہے ہیں وزیر اعظم نے اجلاس کی صدارت کی جس میں وفاقی وزراء اور اعلیٰ حکام نے شرکت کی اور مختلف امور پر تفصیلی غور کیا گیا حکومت نے اس موقع پر عوامی مسائل کے حل کے لیے فوری اقدامات کی ہدایت جاری کی اسلام آباد پاکستان کی حکومت نے کہا ہے کہ ملک کی معیشت میں بہتری آ رہی ہے اور عوام کو ریلیف فراہم کرنے کے لیے اقدامات کیے جا رہے ہیں وزیر اعظم نے اجلاس کی صدارت کی جس میں وفاقی وزراء اور اعلیٰ حکام نے شرکت کی اور مختلف امور پر تفصیلی غور کیا گیا حکومت نے اس موقع پر عوامی مسائل کے حل کے لیے فوری اقدامات کی ہدایت جاری کی

60	خبر

اسلام آباد پاکستان کی حکومت نے کہا ہے کہ ملک کی معیشت میں بہتری آ رہی ہے اور عوام کو ریلیف فراہم کرنے کے لیے اقدامات کیے جا رہے ہیں وزیر اعظم نے اجلاس کی صدارت کی جس میں وفاقی وزراء اور اعلیٰ حکام نے شرکت کی اور مختلف امور پر تفصیلی غور کیا گیا حکومت نے اس موقع پر عوامی مسائل کے حل کے لیے فوری اقدامات کی ہدایت جاری کی اسلام آباد پاکستان کی حکومت نے کہا ہے کہ ملک کی معیشت میں بہتری آ رہی ہے اور عوام کو ریلیف فراہم کرنے کے لیے اقدامات کیے جا رہے ہیں وزیر اعظم نے اجلاس کی صدارت کی جس میں وفاقی وزراء اور اعلیٰ حکام نے شرکت کی اور مختلف امور پر تفصیلی غور کیا گیا حکومت نے اس موقع پر عوامی مسائل کے حل کے لیے فوری اقدامات کی ہدایت جاری کی اسلام آباد پاکستان کی حکومت نے کہا ہے کہ ملک کی معیشت میں بہتری آ رہی ہے اور عوام کو ریلیف فراہم کرنے کے لیے اقدامات کیے جا رہے ہیں وزیر اعظم نے اجلاس کی صدارت کی جس میں وفاقی وزراء اور اعلیٰ حکام نے شرکت کی اور مختلف امور پر تفصیلی غور کیا گیا حکومت نے اس موقع پر عوامی مسائل کے حل کے لیے فوری اقدامات کی ہدایت جاری کی اسلام آباد پاکستان کی حکومت نے کہا ہے کہ ملک کی معیشت میں بہتری آ رہی ہے اور عوام کو ریلیف فراہم کرنے کے لیے اقدامات کیے جا رہے ہیں وزیر اعظم نے اجلاس کی صدارت کی جس میں وفاقی وزراء اور اعلیٰ حکام نے شرکت کی اور مختلف امور پر تفصیلی غور کیا گیا حکومت نے اس موقع پر عوامی مسائل کے حل کے لیے فوری اقدامات کی ہدایت جاری کی

61	خبر

اسلام آباد پاکستان کی حکومت نے کہا ہے کہ ملک کی معیشت میں بہتری آ رہی ہے اور عوام کو ریلیف فراہم کرنے کے لیے اقدامات کیے جا رہے ہیں وزیر اعظم نے اجلاس کی صدارت کی جس میں وفاقی وزراء اور اعلیٰ حکام نے شرکت کی اور مختلف امور پر تفصیلی غور کیا گیا حکومت نے اس موقع پر عوامی مسائل کے حل کے لیے فوری اقدامات کی ہدایت جاری کی اسلام آباد پاکستان کی حکومت نے کہا ہے کہ ملک کی معیشت میں بہتری آ رہی ہے اور عوام کو ریلیف فراہم کرنے کے لیے اقدامات کیے جا رہے ہیں وزیر اعظم نے اجلاس کی صدارت کی جس میں وفاقی وزراء اور اعلیٰ حکام نے شرکت کی اور مختلف امور پر تفصیلی غور کیا گیا حکومت نے اس موقع پر عوامی مسائل کے حل کے لیے فوری اقدامات کی ہدایت جاری کی اسلام آباد پاکستان کی حکومت نے کہا ہے کہ ملک کی معیشت میں بہتری آ رہی ہے اور عوام کو ریلیف فراہم کرنے کے لیے اقدامات کیے جا رہے ہیں وزیر اعظم نے اجلاس کی صدارت کی جس میں وفاقی وزراء اور اعلیٰ حکام نے شرکت کی اور مختلف امور پر تفصیلی غور کیا گیا حکومت نے اس موقع پر عوامی مسائل کے حل کے لیے فوری اقدامات کی ہدایت جاری کی اسلام آباد پاکستان کی حکومت نے کہا ہے کہ ملک کی معیشت میں بہتری آ رہی ہے اور عوام کو ریلیف فراہم کرنے کے لیے اقدامات کیے جا رہے ہیں وزیر اعظم نے اجلاس کی صدارت کی جس میں وفاقی وزراء اور اعلیٰ حکام نے شرکت کی اور مختلف امور پر تفصیلی غور کیا گیا حکومت نے اس موقع پر عوامی مسائل کے حل کے لیے فوری اقدامات کی ہدایت جاری کی

62	خبر

اسلام آباد پاکستان کی حکومت نے کہا ہے کہ ملک کی معیشت میں بہتری آ رہی ہے اور عوام کو ریلیف فراہم کرنے کے لیے اقدامات کیے جا رہے ہیں وزیر اعظم نے اجلاس کی صدارت کی جس میں وفاقی وزراء اور اعلیٰ حکام نے شرکت کی اور مختلف امور پر تفصیلی غور کیا گیا حکومت نے اس موقع پر عوامی مسائل کے حل کے لیے فوری اقدامات کی ہدایت جاری کی اسلام آباد پاکستان کی حکومت نے کہا ہے کہ ملک کی معیشت میں بہتری آ رہی ہے اور عوام کو ریلیف فراہم کرنے کے لیے اقدامات کیے جا رہے ہیں وزیر اعظم نے اجلاس کی صدارت کی جس میں وفاقی وزراء اور اعلیٰ حکام نے شرکت کی اور مختلف امور پر تفصیلی غور کیا گیا حکومت نے اس موقع پر عوامی مسائل کے حل کے لیے فوری اقدامات کی ہدایت جاری کی اسلام آباد پاکستان کی حکومت نے کہا ہے کہ ملک کی معیشت میں بہتری آ رہی ہے اور عوام کو ریلیف فراہم کرنے کے لیے اقدامات کیے جا رہے ہیں وزیر اعظم نے اجلاس کی صدارت کی جس میں وفاقی وزراء اور اعلیٰ حکام نے شرکت کی اور مختلف امور پر تفصیلی غور کیا گیا حکومت نے اس موقع پر عوامی مسائل کے حل کے لیے فوری اقدامات کی ہدایت جاری کی اسلام آباد پاکستان کی حکومت نے کہا ہے کہ ملک کی معیشت میں بہتری آ رہی ہے اور عوام کو ریلیف فراہم کرنے کے لیے اقدامات کیے جا رہے ہیں وزیر اعظم نے اجلاس کی صدارت کی جس میں وفاقی وزراء اور اعلیٰ حکام نے شرکت کی اور مختلف امور پر تفصیلی غور کیا گیا حکومت نے اس موقع پر عوامی مسائل کے حل کے لیے فوری اقدامات کی ہدایت جاری کی

63	خبر

اسلام آباد پاکستان کی حکومت نے کہا ہے کہ ملک کی معیشت میں بہتری آ رہی ہے اور عوام کو ریلیف فراہم کرنے کے لیے اقدامات کیے جا رہے ہیں وزیر اعظم نے اجلاس کی صدارت کی جس میں وفاقی وزراء اور اعلیٰ حکام نے شرکت کی اور مختلف امور پر تفصیلی غور کیا گیا حکومت نے اس موقع پر عوامی مسائل کے حل کے لیے فوری اقدامات کی ہدایت جاری کی اسلام آباد پاکستان کی حکومت نے کہا ہے کہ ملک کی معیشت میں بہتری آ رہی ہے اور عوام کو ریلیف فراہم کرنے کے لیے اقدامات کیے جا رہے ہیں وزیر اعظم نے اجلاس کی صدارت کی جس میں وفاقی وزراء اور اعلیٰ حکام نے شرکت کی اور مختلف امور پر تفصیلی غور کیا گیا حکومت نے اس موقع پر عوامی مسائل کے حل کے لیے فوری اقدامات کی ہدایت جاری کی اسلام آباد پاکستان کی حکومت نے کہا ہے کہ ملک کی معیشت میں بہتری آ رہی ہے اور عوام کو ریلیف فراہم کرنے کے لیے اقدامات کیے جا رہے ہیں وزیر اعظم نے اجلاس کی صدارت کی جس میں وفاقی وزراء اور اعلیٰ حکام نے شرکت کی اور مختلف امور پر تفصیلی غور کیا گیا حکومت نے اس موقع پر عوامی مسائل کے حل کے لیے فوری اقدامات کی ہدایت جاری کی اسلام آباد پاکستان کی حکومت نے کہا ہے کہ ملک کی معیشت میں بہتری آ رہی ہے اور عوام کو ریلیف فراہم کرنے کے لیے اقدامات کیے جا رہے ہیں وزیر اعظم نے اجلاس کی صدارت کی جس میں وفاقی وزراء اور اعلیٰ حکام نے شرکت کی اور مختلف امور پر تفصیلی غور کیا گیا حکومت نے اس موقع پر عوامی مسائل کے حل کے لیے فوری اقدامات کی ہدایت جاری کی

64	خبر

اسلام آباد پاکستان کی حکومت نے کہا ہے کہ ملک کی معیشت میں بہتری آ رہی ہے اور عوام کو ریلیف فراہم کرنے کے لیے اقدامات کیے جا رہے ہیں وزیر اعظم نے اجلاس کی صدارت کی جس میں وفاقی وزراء اور اعلیٰ حکام نے شرکت کی اور مختلف امور پر تفصیلی غور کیا گیا حکومت نے اس موقع پر عوامی مسائل کے حل کے لیے فوری اقدامات کی ہدایت جاری کی اسلام آباد پاکستان کی حکومت نے کہا ہے کہ ملک کی معیشت میں بہتری آ رہی ہے اور عوام کو ریلیف فراہم کرنے کے لیے اقدامات کیے جا رہے ہیں وزیر اعظم نے اجلاس کی صدارت کی جس میں وفاقی وزراء اور اعلیٰ حکام نے شرکت کی اور مختلف امور پر تفصیلی غور کیا گیا حکومت نے اس موقع پر عوامی مسائل کے حل کے لیے فوری اقدامات کی ہدایت جاری کی اسلام آباد پاکستان کی حکومت نے کہا ہے کہ ملک کی معیشت میں بہتری آ رہی ہے اور عوام کو ریلیف فراہم کرنے کے لیے اقدامات کیے جا رہے ہیں وزیر اعظم نے اجلاس کی صدارت کی جس میں وفاقی وزراء اور اعلیٰ حکام نے شرکت کی اور مختلف امور پر تفصیلی غور کیا گیا حکومت نے اس موقع پر عوامی مسائل کے حل کے لیے فوری اقدامات کی ہدایت جاری کی اسلام آباد پاکستان کی حکومت نے کہا ہے کہ ملک کی معیشت میں بہتری آ رہی ہے اور عوام کو ریلیف فراہم کرنے کے لیے اقدامات کیے جا رہے ہیں وزیر اعظم نے اجلاس کی صدارت کی جس میں وفاقی وزراء اور اعلیٰ حکام نے شرکت کی اور مختلف امور پر تفصیلی غور کیا گیا حکومت نے اس موقع پر عوامی مسائل کے حل کے لیے فوری اقدامات کی ہدایت جاری کی

65	خبر

اسلام آباد پاکستان کی حکومت نے کہا ہے کہ ملک کی معیشت میں بہتری آ رہی ہے اور عوام کو ریلیف فراہم کرنے کے لیے اقدامات کیے جا رہے ہیں وزیر اعظم نے اجلاس کی صدارت کی جس میں وفاقی وزراء اور اعلیٰ حکام نے شرکت کی اور مختلف امور پر تفصیلی غور کیا گیا حکومت نے اس موقع پر عوامی مسائل کے حل کے لیے فوری اقدامات کی ہدایت جاری کی اسلام آباد پاکستان کی حکومت نے کہا ہے کہ ملک کی معیشت میں بہتری آ رہی ہے اور عوام کو ریلیف فراہم کرنے کے لیے اقدامات کیے جا رہے ہیں وزیر اعظم نے اجلاس کی صدارت کی جس میں وفاقی وزراء اور اعلیٰ حکام نے شرکت کی اور مختلف امور پر تفصیلی غور کیا گیا حکومت نے اس موقع پر عوامی مسائل کے حل کے لیے فوری اقدامات کی ہدایت جاری کی اسلام آباد پاکستان کی حکومت نے کہا ہے کہ ملک کی معیشت میں بہتری آ رہی ہے اور عوام کو ریلیف فراہم کرنے کے لیے اقدامات کیے جا رہے ہیں وزیر اعظم نے اجلاس کی صدارت کی جس میں وفاقی وزراء اور اعلیٰ حکام نے شرکت کی اور مختلف امور پر تفصیلی غور کیا گیا حکومت نے اس موقع پر عوامی مسائل کے حل کے لیے فوری اقدامات کی ہدایت جاری کی اسلام آباد پاکستان کی حکومت نے کہا ہے کہ ملک کی معیشت میں بہتری آ رہی ہے اور عوام کو ریلیف فراہم کرنے کے لیے اقدامات کیے جا رہے ہیں وزیر اعظم نے اجلاس کی صدارت کی جس میں وفاقی وزراء اور اعلیٰ حکام نے شرکت کی اور مختلف امور پر تفصیلی غور کیا گیا حکومت نے اس موقع پر عوامی مسائل کے حل کے لیے فوری اقدامات کی ہدایت جاری کی

66	خبر

اسلام آباد پاکستان کی حکومت نے کہا ہے کہ ملک کی معیشت میں بہتری آ رہی ہے اور عوام کو ریلیف فراہم کرنے کے لیے اقدامات کیے جا رہے ہیں وزیر اعظم نے اجلاس کی صدارت کی جس میں وفاقی وزراء اور اعلیٰ حکام نے شرکت کی اور مختلف امور پر تفصیلی غور کیا گیا حکومت نے اس موقع پر عوامی مسائل کے حل کے لیے فوری اقدامات کی ہدایت جاری کی اسلام آباد پاکستان کی حکومت نے کہا ہے کہ ملک کی معیشت میں بہتری آ رہی ہے اور عوام کو ریلیف فراہم کرنے کے لیے اقدامات کیے جا رہے ہیں وزیر اعظم نے اجلاس کی صدارت کی جس میں وفاقی وزراء اور اعلیٰ حکام نے شرکت کی اور مختلف امور پر تفصیلی غور کیا گیا حکومت نے اس موقع پر عوامی مسائل کے حل کے لیے فوری اقدامات کی ہدایت جاری کی اسلام آباد پاکستان کی حکومت نے کہا ہے کہ ملک کی معیشت میں بہتری آ رہی ہے اور عوام کو ریلیف فراہم کرنے کے لیے اقدامات کیے جا رہے ہیں وزیر اعظم نے اجلاس کی صدارت کی جس میں وفاقی وزراء اور اعلیٰ حکام نے شرکت کی اور مختلف امور پر تفصیلی غور کیا گیا حکومت نے اس موقع پر عوامی مسائل کے حل کے لیے فوری اقدامات کی ہدایت جاری کی اسلام آباد پاکستان کی حکومت نے کہا ہے کہ ملک کی معیشت میں بہتری آ رہی ہے اور عوام کو ریلیف فراہم کرنے کے لیے اقدامات کیے جا رہے ہیں وزیر اعظم نے اجلاس کی صدارت کی جس میں وفاقی وزراء اور اعلیٰ حکام نے شرکت کی اور مختلف امور پر تفصیلی غور کیا گیا حکومت نے اس موقع پر عوامی مسائل کے حل کے لیے فوری اقدامات کی ہدایت جاری کی

67	خبر

اسلام آباد پاکستان کی حکومت نے کہا ہے کہ ملک کی معیشت میں بہتری آ رہی ہے اور عوام کو ریلیف فراہم کرنے کے لیے اقدامات کیے جا رہے ہیں وزیر اعظم نے اجلاس کی صدارت کی جس میں وفاقی وزراء اور اعلیٰ حکام نے شرکت کی اور مختلف امور پر تفصیلی غور کیا گیا حکومت نے اس موقع پر عوامی مسائل کے حل کے لیے فوری اقدامات کی ہدایت جاری کی اسلام آباد پاکستان کی حکومت نے کہا ہے کہ ملک کی معیشت میں بہتری آ رہی ہے اور عوام کو ریلیف فراہم کرنے کے لیے اقدامات کیے جا رہے ہیں وزیر اعظم نے اجلاس کی صدارت کی جس میں وفاقی وزراء اور اعلیٰ حکام نے شرکت کی اور مختلف امور پر تفصیلی غور کیا گیا حکومت نے اس موقع پر عوامی مسائل کے حل کے لیے فوری اقدامات کی ہدایت جاری کی اسلام آباد پاکستان کی حکومت نے کہا ہے کہ ملک کی معیشت میں بہتری آ رہی ہے اور عوام کو ریلیف فراہم کرنے کے لیے اقدامات کیے جا رہے ہیں وزیر اعظم نے اجلاس کی صدارت کی جس میں وفاقی وزراء اور اعلیٰ حکام نے شرکت کی اور مختلف امور پر تفصیلی غور کیا گیا حکومت نے اس موقع پر عوامی مسائل کے حل کے لیے فوری اقدامات کی ہدایت جاری کی اسلام آباد پاکستان کی حکومت نے کہا ہے کہ ملک کی معیشت میں بہتری آ رہی ہے اور عوام کو ریلیف فراہم کرنے کے لیے اقدامات کیے جا رہے ہیں وزیر اعظم نے اجلاس کی صدارت کی جس میں وفاقی وزراء اور اعلیٰ حکام نے شرکت کی اور مختلف امور پر تفصیلی غور کیا گیا حکومت نے اس موقع پر عوامی مسائل کے حل کے لیے فوری اقدامات کی ہدایت جاری کی

68	خبر

اسلام آباد پاکستان کی حکومت نے کہا ہے کہ ملک کی معیشت میں بہتری آ رہی ہے اور عوام کو ریلیف فراہم کرنے کے لیے اقدامات کیے جا رہے ہیں وزیر اعظم نے اجلاس کی صدارت کی جس میں وفاقی وزراء اور اعلیٰ حکام نے شرکت کی اور مختلف امور پر تفصیلی غور کیا گیا حکومت نے اس موقع پر عوامی مسائل کے حل کے لیے فوری اقدامات کی ہدایت جاری کی اسلام آباد پاکستان کی حکومت نے کہا ہے کہ ملک کی معیشت میں بہتری آ رہی ہے اور عوام کو ریلیف فراہم کرنے کے لیے اقدامات کیے جا رہے ہیں وزیر اعظم نے اجلاس کی صدارت کی جس میں وفاقی وزراء اور اعلیٰ حکام نے شرکت کی اور مختلف امور پر تفصیلی غور کیا گیا حکومت نے اس موقع پر عوامی مسائل کے حل کے لیے فوری اقدامات کی ہدایت جاری کی اسلام آباد پاکستان کی حکومت نے کہا ہے کہ ملک کی معیشت میں بہتری آ رہی ہے اور عوام کو ریلیف فراہم کرنے کے لیے اقدامات کیے جا رہے ہیں وزیر اعظم نے اجلاس کی صدارت کی جس میں وفاقی وزراء اور اعلیٰ حکام نے شرکت کی اور مختلف امور پر تفصیلی غور کیا گیا حکومت نے اس موقع پر عوامی مسائل کے حل کے لیے فوری اقدامات کی ہدایت جاری کی اسلام آباد پاکستان کی حکومت نے کہا ہے کہ ملک کی معیشت میں بہتری آ رہی ہے اور عوام کو ریلیف فراہم کرنے کے لیے اقدامات کیے جا رہے ہیں وزیر اعظم نے اجلاس کی صدارت کی جس میں وفاقی وزراء اور اعلیٰ حکام نے شرکت کی اور مختلف امور پر تفصیلی غور کیا گیا حکومت نے اس موقع پر عوامی مسائل کے حل کے لیے فوری اقدامات کی ہدایت جاری کی

اشتہار گمشدگی کاغذات

اسلام آباد پاکستان کی حکومت نے کہا ہے کہ ملک کی معیشت میں بہتری آ رہی ہے اور عوام کو ریلیف فراہم کرنے کے لیے اقدامات کیے جا رہے ہیں وزیر اعظم نے اجلاس کی صدارت کی جس میں وفاقی وزراء اور اعلیٰ حکام نے شرکت کی اور مختلف امور پر تفصیلی غور کیا گیا حکومت نے اس موقع پر عوامی مسائل کے حل کے لیے فوری اقدامات کی ہدایت جاری کی اسلام آباد پاکستان کی حکومت نے کہا ہے کہ ملک کی معیشت میں بہتری آ رہی ہے اور عوام کو ریلیف فراہم کرنے کے لیے اقدامات کیے جا رہے ہیں وزیر اعظم نے اجلاس کی صدارت کی جس میں وفاقی وزراء اور اعلیٰ حکام نے شرکت کی اور مختلف امور پر تفصیلی غور کیا گیا حکومت نے اس موقع پر عوامی مسائل کے حل کے لیے فوری اقدامات کی ہدایت جاری کی اسلام آباد پاکستان کی حکومت نے کہا ہے کہ ملک کی معیشت میں بہتری آ رہی ہے اور عوام کو ریلیف فراہم کرنے کے لیے اقدامات کیے جا رہے ہیں وزیر اعظم نے اجلاس کی صدارت کی جس میں وفاقی وزراء اور اعلیٰ حکام نے شرکت کی اور مختلف امور پر تفصیلی غور کیا گیا حکومت نے اس موقع پر عوامی مسائل کے حل کے لیے فوری اقدامات کی ہدایت جاری کی اسلام آباد پاکستان کی حکومت نے کہا ہے کہ ملک کی معیشت میں بہتری آ رہی ہے اور عوام کو ریلیف فراہم کرنے کے لیے اقدامات کیے جا رہے ہیں وزیر اعظم نے اجلاس کی صدارت کی جس میں وفاقی وزراء اور اعلیٰ حکام نے شرکت کی اور مختلف امور پر تفصیلی غور کیا گیا حکومت نے اس موقع پر عوامی مسائل کے حل کے لیے فوری اقدامات کی ہدایت جاری کی اسلام آباد پاکستان کی حکومت نے کہا ہے کہ ملک کی معیشت میں بہتری آ رہی ہے اور عوام کو ریلیف فراہم کرنے کے لیے اقدامات کیے جا رہے ہیں وزیر اعظم نے اجلاس کی صدارت کی جس میں وفاقی وزراء اور اعلیٰ حکام نے شرکت کی اور مختلف امور پر تفصیلی غور کیا گیا حکومت نے اس موقع پر عوامی مسائل کے حل کے لیے فوری اقدامات کی ہدایت جاری کی اسلام آباد پاکستان کی حکومت نے کہا ہے کہ ملک کی معیشت میں بہتری آ رہی ہے اور عوام کو ریلیف فراہم کرنے کے لیے اقدامات کیے جا رہے ہیں وزیر اعظم نے اجلاس کی صدارت کی جس میں وفاقی وزراء اور اعلیٰ حکام نے شرکت کی اور مختلف امور پر تفصیلی غور کیا گیا حکومت نے اس موقع پر عوامی مسائل کے حل کے لیے فوری اقدامات کی ہدایت جاری کی اسلام آباد پاکستان کی حکومت نے کہا ہے کہ ملک کی معیشت میں بہتری آ رہی ہے اور عوام کو ریلیف فراہم کرنے کے لیے اقدامات کیے جا رہے ہیں وزیر اعظم نے اجلاس کی صدارت کی جس میں وفاقی وزراء اور اعلیٰ حکام نے شرکت کی اور مختلف امور پر تفصیلی غور کیا گیا حکومت نے اس موقع پر عوامی مسائل کے حل کے لیے فوری اقدامات کی ہدایت جاری کی اسلام آباد پاکستان کی حکومت نے کہا ہے کہ ملک کی معیشت میں بہتری آ رہی ہے اور عوام کو ریلیف فراہم کرنے کے لیے اقدامات کیے جا رہے ہیں وزیر اعظم نے اجلاس کی صدارت کی جس میں وفاقی وزراء اور اعلیٰ حکام نے شرکت کی اور مختلف امور پر تفصیلی غور کیا گیا حکومت نے اس موقع پر عوامی مسائل کے حل کے لیے فوری اقدامات کی ہدایت جاری کی

اسلام آباد پاکستان کی حکومت نے کہا ہے کہ ملک کی معیشت میں بہتری آ رہی ہے اور عوام کو ریلیف فراہم کرنے کے لیے اقدامات کیے جا رہے ہیں وزیر اعظم نے اجلاس کی صدارت کی جس میں وفاقی وزراء اور اعلیٰ حکام نے شرکت کی اور مختلف امور پر تفصیلی غور کیا گیا حکومت نے اس موقع پر عوامی مسائل کے حل کے لیے فوری اقدامات کی ہدایت جاری کی اسلام آباد پاکستان کی حکومت نے کہا ہے کہ ملک کی معیشت میں بہتری آ رہی ہے اور عوام کو ریلیف فراہم کرنے کے لیے اقدامات کیے جا رہے ہیں وزیر اعظم نے اجلاس کی صدارت کی جس میں وفاقی وزراء اور اعلیٰ حکام نے شرکت کی اور مختلف امور پر تفصیلی غور کیا گیا حکومت نے اس موقع پر عوامی مسائل کے حل کے لیے فوری اقدامات کی ہدایت جاری کی اسلام آباد پاکستان کی حکومت نے کہا ہے کہ ملک کی معیشت میں بہتری آ رہی ہے اور عوام کو ریلیف فراہم کرنے کے لیے اقدامات کیے جا رہے ہیں وزیر اعظم نے اجلاس کی صدارت کی جس میں وفاقی وزراء اور اعلیٰ حکام نے شرکت کی اور مختلف امور پر تفصیلی غور کیا گیا حکومت نے اس موقع پر عوامی مسائل کے حل کے لیے فوری اقدامات کی ہدایت جاری کی اسلام آباد پاکستان کی حکومت نے کہا ہے کہ ملک کی معیشت میں بہتری آ رہی ہے اور عوام کو ریلیف فراہم کرنے کے لیے اقدامات کیے جا رہے ہیں وزیر اعظم نے اجلاس کی صدارت کی جس میں وفاقی وزراء اور اعلیٰ حکام نے شرکت کی اور مختلف امور پر تفصیلی غور کیا گیا حکومت نے اس موقع پر عوامی مسائل کے حل کے لیے فوری اقدامات کی ہدایت جاری کی اسلام آباد پاکستان کی حکومت نے کہا ہے کہ ملک کی معیشت میں بہتری آ رہی ہے اور عوام کو ریلیف فراہم کرنے کے لیے اقدامات کیے جا رہے ہیں وزیر اعظم نے اجلاس کی صدارت کی جس میں وفاقی وزراء اور اعلیٰ حکام نے شرکت کی اور مختلف امور پر تفصیلی غور کیا گیا حکومت نے اس موقع پر عوامی مسائل کے حل کے لیے فوری اقدامات کی ہدایت جاری کی اسلام آباد پاکستان کی حکومت نے کہا ہے کہ ملک کی معیشت میں بہتری آ رہی ہے اور عوام کو ریلیف فراہم کرنے کے لیے اقدامات کیے جا رہے ہیں وزیر اعظم نے اجلاس کی صدارت کی جس میں وفاقی وزراء اور اعلیٰ حکام نے شرکت کی اور مختلف امور پر تفصیلی غور کیا گیا حکومت نے اس موقع پر عوامی مسائل کے حل کے لیے فوری اقدامات کی ہدایت جاری کی اسلام آباد پاکستان کی حکومت نے کہا ہے کہ ملک کی معیشت میں بہتری آ رہی ہے اور عوام کو ریلیف فراہم کرنے کے لیے اقدامات کیے جا رہے ہیں وزیر اعظم نے اجلاس کی صدارت کی جس میں وفاقی وزراء اور اعلیٰ حکام نے شرکت کی اور مختلف امور پر تفصیلی غور کیا گیا حکومت نے اس موقع پر عوامی مسائل کے حل کے لیے فوری اقدامات کی ہدایت جاری کی اسلام آباد پاکستان کی حکومت نے کہا ہے کہ ملک کی معیشت میں بہتری آ رہی ہے اور عوام کو ریلیف فراہم کرنے کے لیے اقدامات کیے جا رہے ہیں وزیر اعظم نے اجلاس کی صدارت کی جس میں وفاقی وزراء اور اعلیٰ حکام نے شرکت کی اور مختلف امور پر تفصیلی غور کیا گیا حکومت نے اس موقع پر عوامی مسائل کے حل کے لیے فوری اقدامات کی ہدایت جاری کی

اسلام آباد پاکستان کی حکومت نے کہا ہے کہ ملک کی معیشت میں بہتری آ رہی ہے اور عوام کو ریلیف فراہم کرنے کے لیے اقدامات کیے جا رہے ہیں وزیر اعظم نے اجلاس کی صدارت کی جس میں وفاقی وزراء اور اعلیٰ حکام نے شرکت کی اور مختلف امور پر تفصیلی غور کیا گیا حکومت نے اس موقع پر عوامی مسائل کے حل کے لیے فوری اقدامات کی ہدایت جاری کی اسلام آباد پاکستان کی حکومت نے کہا ہے کہ ملک کی معیشت میں بہتری آ رہی ہے اور عوام کو ریلیف فراہم کرنے کے لیے اقدامات کیے جا رہے ہیں وزیر اعظم نے اجلاس کی صدارت کی جس میں وفاقی وزراء اور اعلیٰ حکام نے شرکت کی اور مختلف امور پر تفصیلی غور کیا گیا حکومت نے اس موقع پر عوامی مسائل کے حل کے لیے فوری اقدامات کی ہدایت جاری کی اسلام آباد پاکستان کی حکومت نے کہا ہے کہ ملک کی معیشت میں بہتری آ رہی ہے اور عوام کو ریلیف فراہم کرنے کے لیے اقدامات کیے جا رہے ہیں وزیر اعظم نے اجلاس کی صدارت کی جس میں وفاقی وزراء اور اعلیٰ حکام نے شرکت کی اور مختلف امور پر تفصیلی غور کیا گیا حکومت نے اس موقع پر عوامی مسائل کے حل کے لیے فوری اقدامات کی ہدایت جاری کی اسلام آباد پاکستان کی حکومت نے کہا ہے کہ ملک کی معیشت میں بہتری آ رہی ہے اور عوام کو ریلیف فراہم کرنے کے لیے اقدامات کیے جا رہے ہیں وزیر اعظم نے اجلاس کی صدارت کی جس میں وفاقی وزراء اور اعلیٰ حکام نے شرکت کی اور مختلف امور پر تفصیلی غور کیا گیا حکومت نے اس موقع پر عوامی مسائل کے حل کے لیے فوری اقدامات کی ہدایت جاری کی اسلام آباد پاکستان کی حکومت نے کہا ہے کہ ملک کی معیشت میں بہتری آ رہی ہے اور عوام کو ریلیف فراہم کرنے کے لیے اقدامات کیے جا رہے ہیں وزیر اعظم نے اجلاس کی صدارت کی جس میں وفاقی وزراء اور اعلیٰ حکام نے شرکت کی اور مختلف امور پر تفصیلی غور کیا گیا حکومت نے اس موقع پر عوامی مسائل کے حل کے لیے فوری اقدامات کی ہدایت جاری کی اسلام آباد پاکستان کی حکومت نے کہا ہے کہ ملک کی معیشت میں بہتری آ رہی ہے اور عوام کو ریلیف فراہم کرنے کے لیے اقدامات کیے جا رہے ہیں وزیر اعظم نے اجلاس کی صدارت کی جس میں وفاقی وزراء اور اعلیٰ حکام نے شرکت کی اور مختلف امور پر تفصیلی غور کیا گیا حکومت نے اس موقع پر عوامی مسائل کے حل کے لیے فوری اقدامات کی ہدایت جاری کی اسلام آباد پاکستان کی حکومت نے کہا ہے کہ ملک کی معیشت میں بہتری آ رہی ہے اور عوام کو ریلیف فراہم کرنے کے لیے اقدامات کیے جا رہے ہیں وزیر اعظم نے اجلاس کی صدارت کی جس میں وفاقی وزراء اور اعلیٰ حکام نے شرکت کی اور مختلف امور پر تفصیلی غور کیا گیا حکومت نے اس موقع پر عوامی مسائل کے حل کے لیے فوری اقدامات کی ہدایت جاری کی اسلام آباد پاکستان کی حکومت نے کہا ہے کہ ملک کی معیشت میں بہتری آ رہی ہے اور عوام کو ریلیف فراہم کرنے کے لیے اقدامات کیے جا رہے ہیں وزیر اعظم نے اجلاس کی صدارت کی جس میں وفاقی وزراء اور اعلیٰ حکام نے شرکت کی اور مختلف امور پر تفصیلی غور کیا گیا حکومت نے اس موقع پر عوامی مسائل کے حل کے لیے فوری اقدامات کی ہدایت جاری کی

69	خبر

اسلام آباد پاکستان کی حکومت نے کہا ہے کہ ملک کی معیشت میں بہتری آ رہی ہے اور عوام کو ریلیف فراہم کرنے کے لیے اقدامات کیے جا رہے ہیں وزیر اعظم نے اجلاس کی صدارت کی جس میں وفاقی وزراء اور اعلیٰ حکام نے شرکت کی اور مختلف امور پر تفصیلی غور کیا گیا حکومت نے اس موقع پر عوامی مسائل کے حل کے لیے فوری اقدامات کی ہدایت جاری کی اسلام آباد پاکستان کی حکومت نے کہا ہے کہ ملک کی معیشت میں بہتری آ رہی ہے اور عوام کو ریلیف فراہم کرنے کے لیے اقدامات کیے جا رہے ہیں وزیر اعظم نے اجلاس کی صدارت کی جس میں وفاقی وزراء اور اعلیٰ حکام نے شرکت کی اور مختلف امور پر تفصیلی غور کیا گیا حکومت نے اس موقع پر عوامی مسائل کے حل کے لیے فوری اقدامات کی ہدایت جاری کی اسلام آباد پاکستان کی حکومت نے کہا ہے کہ ملک کی معیشت میں بہتری آ رہی ہے اور عوام کو ریلیف فراہم کرنے کے لیے اقدامات کیے جا رہے ہیں وزیر اعظم نے اجلاس کی صدارت کی جس میں وفاقی وزراء اور اعلیٰ حکام نے شرکت کی اور مختلف امور پر تفصیلی غور کیا گیا حکومت نے اس موقع پر عوامی مسائل کے حل کے لیے فوری اقدامات کی ہدایت جاری کی اسلام آباد پاکستان کی حکومت نے کہا ہے کہ ملک کی معیشت میں بہتری آ رہی ہے اور عوام کو ریلیف فراہم کرنے کے لیے اقدامات کیے جا رہے ہیں وزیر اعظم نے اجلاس کی صدارت کی جس میں وفاقی وزراء اور اعلیٰ حکام نے شرکت کی اور مختلف امور پر تفصیلی غور کیا گیا حکومت نے اس موقع پر عوامی مسائل کے حل کے لیے فوری اقدامات کی ہدایت جاری کی اسلام آباد پاکستان کی حکومت نے کہا ہے کہ ملک کی معیشت میں بہتری آ رہی ہے اور عوام کو ریلیف فراہم کرنے کے لیے اقدامات کیے جا رہے ہیں وزیر اعظم نے اجلاس کی صدارت کی جس میں وفاقی وزراء اور اعلیٰ حکام نے شرکت کی اور مختلف امور پر تفصیلی غور کیا گیا حکومت نے اس موقع پر عوامی مسائل کے حل کے لیے فوری اقدامات کی ہدایت جاری کی اسلام آباد پاکستان کی حکومت نے کہا ہے کہ ملک کی معیشت میں بہتری آ رہی ہے اور عوام کو ریلیف فراہم کرنے کے لیے اقدامات کیے جا رہے ہیں وزیر اعظم نے اجلاس کی صدارت کی جس میں وفاقی وزراء اور اعلیٰ حکام نے شرکت کی اور مختلف امور پر تفصیلی غور کیا گیا حکومت نے اس موقع پر عوامی مسائل کے حل کے لیے فوری اقدامات کی ہدایت جاری کی اسلام آباد پاکستان کی حکومت نے کہا ہے کہ ملک کی معیشت میں بہتری آ رہی ہے اور عوام کو ریلیف فراہم کرنے کے لیے اقدامات کیے جا رہے ہیں وزیر اعظم نے اجلاس کی صدارت کی جس میں وفاقی وزراء اور اعلیٰ حکام نے شرکت کی اور مختلف امور پر تفصیلی غور کیا گیا حکومت نے اس موقع پر عوامی مسائل کے حل کے لیے فوری اقدامات کی ہدایت جاری کی اسلام آباد پاکستان کی حکومت نے کہا ہے کہ ملک کی معیشت میں بہتری آ رہی ہے اور عوام کو ریلیف فراہم کرنے کے لیے اقدامات کیے جا رہے ہیں وزیر اعظم نے اجلاس کی صدارت کی جس میں وفاقی وزراء اور اعلیٰ حکام نے شرکت کی اور مختلف امور پر تفصیلی غور کیا گیا حکومت نے اس موقع پر عوامی مسائل کے حل کے لیے فوری اقدامات کی ہدایت جاری کی اسلام آباد پاکستان کی حکومت نے کہا ہے کہ ملک کی معیشت میں بہتری آ رہی ہے اور عوام کو ریلیف فراہم کرنے کے لیے اقدامات کیے جا رہے ہیں وزیر اعظم نے اجلاس کی صدارت کی جس میں وفاقی وزراء اور اعلیٰ حکام نے شرکت کی اور مختلف امور پر تفصیلی غور کیا گیا حکومت نے اس موقع پر عوامی مسائل کے حل کے لیے فوری اقدامات کی ہدایت جاری کی اسلام آباد پاکستان کی حکومت نے کہا ہے کہ ملک کی معیشت میں بہتری آ رہی ہے اور عوام کو ریلیف فراہم کرنے کے لیے اقدامات کیے جا رہے ہیں وزیر اعظم نے اجلاس کی صدارت کی جس میں وفاقی وزراء اور اعلیٰ حکام نے شرکت کی اور مختلف امور پر تفصیلی غور کیا گیا حکومت نے اس موقع پر عوامی مسائل کے حل کے لیے فوری اقدامات کی ہدایت جاری کی اسلام آباد پاکستان کی حکومت نے کہا ہے کہ ملک کی معیشت میں بہتری آ رہی ہے اور عوام کو ریلیف فراہم کرنے کے لیے اقدامات کیے جا رہے ہیں وزیر اعظم نے اجلاس کی صدارت کی جس میں وفاقی وزراء اور اعلیٰ حکام نے شرکت کی اور مختلف امور پر تفصیلی غور کیا گیا حکومت نے اس موقع پر عوامی مسائل کے حل کے لیے فوری اقدامات کی ہدایت جاری کی اسلام آباد پاکستان کی حکومت نے کہا ہے کہ ملک کی معیشت میں بہتری آ رہی ہے اور عوام کو ریلیف فراہم کرنے کے لیے اقدامات کیے جا رہے ہیں وزیر اعظم نے اجلاس کی صدارت کی جس میں وفاقی وزراء اور اعلیٰ حکام نے شرکت کی اور مختلف امور پر تفصیلی غور کیا گیا حکومت نے اس موقع پر عوامی مسائل کے حل کے لیے فوری اقدامات کی ہدایت جاری کی اسلام آباد پاکستان کی حکومت نے کہا ہے کہ ملک کی معیشت میں بہتری آ رہی ہے اور عوام کو ریلیف فراہم کرنے کے لیے اقدامات کیے جا رہے ہیں وزیر اعظم نے اجلاس کی صدارت کی جس میں وفاقی وزراء اور اعلیٰ حکام نے شرکت کی اور مختلف امور پر تفصیلی غور کیا گیا حکومت نے اس موقع پر عوامی مسائل کے حل کے لیے فوری اقدامات کی ہدایت جاری کی اسلام آباد پاکستان کی حکومت نے کہا ہے کہ ملک کی معیشت میں بہتری آ رہی ہے اور عوام کو ریلیف فراہم کرنے کے لیے اقدامات کیے جا رہے ہیں وزیر اعظم نے اجلاس کی صدارت کی جس میں وفاقی وزراء اور اعلیٰ حکام نے شرکت کی اور مختلف امور پر تفصیلی غور کیا گیا حکومت نے اس موقع پر عوامی مسائل کے حل کے لیے فوری اقدامات کی ہدایت جاری کی اسلام آباد پاکستان کی حکومت نے کہا ہے کہ ملک کی معیشت میں بہتری آ رہی ہے اور عوام کو ریلیف فراہم کرنے کے لیے اقدامات کیے جا رہے ہیں وزیر اعظم نے اجلاس کی صدارت کی جس میں وفاقی وزراء اور اعلیٰ حکام نے شرکت کی اور مختلف امور پر تفصیلی غور کیا گیا حکومت نے اس موقع پر عوامی مسائل کے حل کے لیے فوری اقدامات کی ہدایت جاری کی اسلام آباد پاکستان کی حکومت نے کہا ہے کہ ملک کی معیشت میں بہتری آ رہی ہے اور عوام کو ریلیف فراہم کرنے کے لیے اقدامات کیے جا رہے ہیں وزیر اعظم نے اجلاس کی صدارت کی
